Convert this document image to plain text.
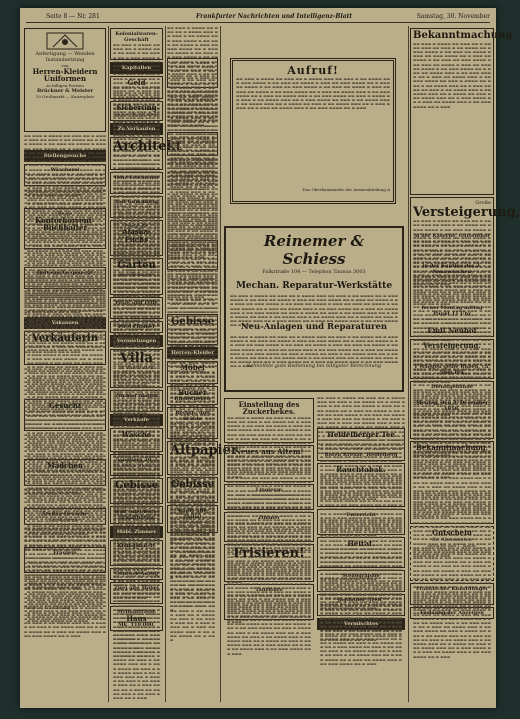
Seite 8 — Nr. 281	Frankfurter Nachrichten und Intelligenz-Blatt	Samstag, 30. November
Anfertigung — Wenden
Instandsetzung
von
Herren-Kleidern
Uniformen
zu billigen Preisen
Brückner & Meister
10 Großmarkt — Kaiserplatz
▬▬ ▬▬▬ ▬ ▬▬▬▬ ▬▬ ▬▬▬ ▬▬ ▬ ▬▬▬▬ ▬▬▬ ▬▬ ▬▬▬ ▬ ▬▬ ▬▬▬▬ ▬▬ ▬ ▬▬▬ ▬▬▬▬ ▬ ▬▬ ▬▬▬ ▬▬ ▬▬▬▬ ▬ ▬▬▬ ▬▬ ▬▬▬ ▬▬▬▬ ▬▬ ▬ ▬▬▬ ▬▬ ▬▬▬▬ ▬ ▬▬ ▬▬▬ ▬▬ ▬▬▬ ▬▬▬▬ ▬ ▬▬ ▬▬▬ ▬▬ ▬▬▬▬ ▬ ▬▬▬ ▬▬ ▬▬▬ ▬▬ ▬▬▬▬ ▬ ▬▬ ▬▬▬ ▬▬▬▬ ▬▬ ▬ ▬▬▬ ▬▬ ▬▬▬▬ ▬▬▬ ▬ ▬▬ ▬▬▬ ▬▬▬▬ ▬▬ ▬ ▬▬▬ ▬▬ ▬▬▬▬ ▬▬▬ ▬ ▬▬ ▬▬▬ ▬▬▬▬ ▬▬ ▬▬▬ ▬ ▬▬▬▬ ▬▬ ▬▬▬ ▬ ▬▬ ▬▬▬▬ ▬▬▬ ▬▬ ▬ ▬▬▬ ▬▬▬▬ ▬▬ ▬▬▬ ▬ ▬▬ ▬▬▬▬ ▬▬▬ ▬ ▬▬ ▬▬▬▬ ▬▬▬ ▬▬ ▬ ▬▬▬▬ ▬▬ ▬▬▬ ▬ ▬▬ ▬▬▬▬ ▬▬▬ ▬▬ ▬ ▬▬▬ ▬▬▬▬ ▬▬ ▬ ▬▬▬ ▬▬ ▬▬▬▬ ▬▬▬ ▬ ▬▬ ▬▬▬ ▬▬▬▬ ▬▬ ▬ ▬▬▬
Stellengesuche
Wäscherei
▬▬ ▬▬▬ ▬ ▬▬▬▬ ▬▬ ▬▬▬ ▬▬ ▬ ▬▬▬▬ ▬▬▬ ▬▬ ▬▬▬ ▬ ▬▬ ▬▬▬▬ ▬▬ ▬ ▬▬▬ ▬▬▬▬ ▬ ▬▬ ▬▬▬ ▬▬ ▬▬▬▬ ▬ ▬▬▬ ▬▬ ▬▬▬ ▬▬▬▬ ▬▬ ▬ ▬▬▬ ▬▬ ▬▬▬▬ ▬ ▬▬ ▬▬▬ ▬▬ ▬▬▬ ▬▬▬▬ ▬ ▬▬ ▬▬▬ ▬▬ ▬▬▬▬ ▬ ▬▬▬ ▬▬ ▬▬▬ ▬▬ ▬▬▬▬ ▬ ▬▬ ▬▬▬ ▬▬▬▬ ▬▬ ▬ ▬▬▬ ▬▬ ▬▬▬▬ ▬▬▬ ▬ ▬▬ ▬▬▬ ▬▬▬▬ ▬▬ ▬ ▬▬▬ ▬▬ ▬▬▬▬ ▬▬▬ ▬ ▬▬ ▬▬▬ ▬▬▬▬ ▬▬ ▬▬▬ ▬ ▬▬▬▬ ▬▬ ▬▬▬ ▬ ▬▬ ▬▬▬▬ ▬▬▬ ▬▬ ▬ ▬▬▬ ▬▬▬▬ ▬▬ ▬▬▬ ▬ ▬▬ ▬▬▬▬ ▬▬▬ ▬ ▬▬ ▬▬▬▬ ▬▬▬ ▬▬ ▬ ▬▬▬▬ ▬▬ ▬▬▬ ▬ ▬▬ ▬▬▬▬ ▬▬▬ ▬▬ ▬ ▬▬▬ ▬▬▬▬ ▬▬ ▬ ▬▬▬ ▬▬ ▬▬▬▬ ▬▬▬ ▬ ▬▬ ▬▬▬ ▬▬▬▬ ▬▬ ▬ ▬▬▬
▬▬ ▬▬▬ ▬ ▬▬▬▬ ▬▬ ▬▬▬ ▬▬ ▬ ▬▬▬▬ ▬▬▬ ▬▬ ▬▬▬ ▬ ▬▬ ▬▬▬▬ ▬▬ ▬ ▬▬▬ ▬▬▬▬ ▬ ▬▬ ▬▬▬ ▬▬ ▬▬▬▬ ▬ ▬▬▬ ▬▬ ▬▬▬ ▬▬▬▬ ▬▬ ▬ ▬▬▬ ▬▬ ▬▬▬▬ ▬ ▬▬ ▬▬▬ ▬▬ ▬▬▬ ▬▬▬▬ ▬ ▬▬ ▬▬▬ ▬▬ ▬▬▬▬ ▬ ▬▬▬ ▬▬ ▬▬▬ ▬▬ ▬▬▬▬ ▬ ▬▬ ▬▬▬ ▬▬▬▬ ▬▬ ▬ ▬▬▬ ▬▬ ▬▬▬▬ ▬▬▬ ▬ ▬▬ ▬▬▬ ▬▬▬▬ ▬▬ ▬ ▬▬▬ ▬▬ ▬▬▬▬ ▬▬▬ ▬ ▬▬ ▬▬▬ ▬▬▬▬ ▬▬ ▬▬▬ ▬ ▬▬▬▬ ▬▬ ▬▬▬ ▬ ▬▬ ▬▬▬▬ ▬▬▬ ▬▬ ▬ ▬▬▬ ▬▬▬▬ ▬▬ ▬▬▬ ▬ ▬▬ ▬▬▬▬ ▬▬▬ ▬ ▬▬ ▬▬▬▬ ▬▬▬ ▬▬ ▬ ▬▬▬▬ ▬▬ ▬▬▬ ▬ ▬▬ ▬▬▬▬ ▬▬▬ ▬▬ ▬ ▬▬▬ ▬▬▬▬ ▬▬ ▬ ▬▬▬ ▬▬ ▬▬▬▬ ▬▬▬ ▬ ▬▬ ▬▬▬ ▬▬▬▬ ▬▬ ▬ ▬▬▬
Beste
Kontorkorrent-
Buchhalter
▬▬ ▬▬▬ ▬ ▬▬▬▬ ▬▬ ▬▬▬ ▬▬ ▬ ▬▬▬▬ ▬▬▬ ▬▬ ▬▬▬ ▬ ▬▬ ▬▬▬▬ ▬▬ ▬ ▬▬▬ ▬▬▬▬ ▬ ▬▬ ▬▬▬ ▬▬ ▬▬▬▬ ▬ ▬▬▬ ▬▬ ▬▬▬ ▬▬▬▬ ▬▬ ▬ ▬▬▬ ▬▬ ▬▬▬▬ ▬ ▬▬ ▬▬▬ ▬▬ ▬▬▬ ▬▬▬▬ ▬ ▬▬ ▬▬▬ ▬▬ ▬▬▬▬ ▬ ▬▬▬ ▬▬ ▬▬▬ ▬▬ ▬▬▬▬ ▬ ▬▬ ▬▬▬ ▬▬▬▬ ▬▬ ▬ ▬▬▬ ▬▬ ▬▬▬▬ ▬▬▬ ▬ ▬▬ ▬▬▬ ▬▬▬▬ ▬▬ ▬ ▬▬▬ ▬▬ ▬▬▬▬ ▬▬▬ ▬ ▬▬ ▬▬▬ ▬▬▬▬ ▬▬ ▬▬▬ ▬ ▬▬▬▬ ▬▬ ▬▬▬ ▬ ▬▬ ▬▬▬▬ ▬▬▬ ▬▬ ▬ ▬▬▬ ▬▬▬▬ ▬▬ ▬▬▬ ▬ ▬▬ ▬▬▬▬ ▬▬▬ ▬ ▬▬ ▬▬▬▬ ▬▬▬ ▬▬ ▬ ▬▬▬▬ ▬▬ ▬▬▬ ▬ ▬▬ ▬▬▬▬ ▬▬▬ ▬▬ ▬ ▬▬▬ ▬▬▬▬ ▬▬ ▬ ▬▬▬ ▬▬ ▬▬▬▬ ▬▬▬ ▬ ▬▬ ▬▬▬ ▬▬▬▬ ▬▬ ▬ ▬▬▬
▬▬ ▬▬▬ ▬ ▬▬▬▬ ▬▬ ▬▬▬ ▬▬ ▬ ▬▬▬▬ ▬▬▬ ▬▬ ▬▬▬ ▬ ▬▬ ▬▬▬▬ ▬▬ ▬ ▬▬▬ ▬▬▬▬ ▬ ▬▬ ▬▬▬ ▬▬ ▬▬▬▬ ▬ ▬▬▬ ▬▬ ▬▬▬ ▬▬▬▬ ▬▬ ▬ ▬▬▬ ▬▬ ▬▬▬▬ ▬ ▬▬ ▬▬▬ ▬▬ ▬▬▬ ▬▬▬▬ ▬ ▬▬ ▬▬▬ ▬▬ ▬▬▬▬ ▬ ▬▬▬ ▬▬ ▬▬▬ ▬▬ ▬▬▬▬ ▬ ▬▬ ▬▬▬ ▬▬▬▬ ▬▬ ▬ ▬▬▬ ▬▬ ▬▬▬▬ ▬▬▬ ▬ ▬▬ ▬▬▬ ▬▬▬▬ ▬▬ ▬ ▬▬▬ ▬▬ ▬▬▬▬ ▬▬▬ ▬ ▬▬ ▬▬▬ ▬▬▬▬ ▬▬ ▬▬▬ ▬ ▬▬▬▬ ▬▬ ▬▬▬ ▬ ▬▬ ▬▬▬▬ ▬▬▬ ▬▬ ▬ ▬▬▬ ▬▬▬▬ ▬▬ ▬▬▬ ▬ ▬▬ ▬▬▬▬ ▬▬▬ ▬ ▬▬ ▬▬▬▬ ▬▬▬ ▬▬ ▬ ▬▬▬▬ ▬▬ ▬▬▬ ▬ ▬▬ ▬▬▬▬ ▬▬▬ ▬▬ ▬ ▬▬▬ ▬▬▬▬ ▬▬ ▬ ▬▬▬ ▬▬ ▬▬▬▬ ▬▬▬ ▬ ▬▬ ▬▬▬ ▬▬▬▬ ▬▬ ▬ ▬▬▬
Bettwäsche gesucht
▬▬ ▬▬▬ ▬ ▬▬▬▬ ▬▬ ▬▬▬ ▬▬ ▬ ▬▬▬▬ ▬▬▬ ▬▬ ▬▬▬ ▬ ▬▬ ▬▬▬▬ ▬▬ ▬ ▬▬▬ ▬▬▬▬ ▬ ▬▬ ▬▬▬ ▬▬ ▬▬▬▬ ▬ ▬▬▬ ▬▬ ▬▬▬ ▬▬▬▬ ▬▬ ▬ ▬▬▬ ▬▬ ▬▬▬▬ ▬ ▬▬ ▬▬▬ ▬▬ ▬▬▬ ▬▬▬▬ ▬ ▬▬ ▬▬▬ ▬▬ ▬▬▬▬ ▬ ▬▬▬ ▬▬ ▬▬▬ ▬▬ ▬▬▬▬ ▬ ▬▬ ▬▬▬ ▬▬▬▬ ▬▬ ▬ ▬▬▬ ▬▬ ▬▬▬▬ ▬▬▬ ▬ ▬▬ ▬▬▬ ▬▬▬▬ ▬▬ ▬ ▬▬▬ ▬▬ ▬▬▬▬ ▬▬▬ ▬ ▬▬ ▬▬▬ ▬▬▬▬ ▬▬ ▬▬▬ ▬ ▬▬▬▬ ▬▬ ▬▬▬ ▬ ▬▬ ▬▬▬▬ ▬▬▬ ▬▬ ▬ ▬▬▬ ▬▬▬▬ ▬▬ ▬▬▬ ▬ ▬▬ ▬▬▬▬ ▬▬▬ ▬ ▬▬ ▬▬▬▬ ▬▬▬ ▬▬ ▬ ▬▬▬▬ ▬▬ ▬▬▬ ▬ ▬▬ ▬▬▬▬ ▬▬▬ ▬▬ ▬ ▬▬▬ ▬▬▬▬ ▬▬ ▬ ▬▬▬ ▬▬ ▬▬▬▬ ▬▬▬ ▬ ▬▬ ▬▬▬ ▬▬▬▬ ▬▬ ▬ ▬▬▬
▬▬ ▬▬▬ ▬ ▬▬▬▬ ▬▬ ▬▬▬ ▬▬ ▬ ▬▬▬▬ ▬▬▬ ▬▬ ▬▬▬ ▬ ▬▬ ▬▬▬▬ ▬▬ ▬ ▬▬▬ ▬▬▬▬ ▬ ▬▬ ▬▬▬ ▬▬ ▬▬▬▬ ▬ ▬▬▬ ▬▬ ▬▬▬ ▬▬▬▬ ▬▬ ▬ ▬▬▬ ▬▬ ▬▬▬▬ ▬ ▬▬ ▬▬▬ ▬▬ ▬▬▬ ▬▬▬▬ ▬ ▬▬ ▬▬▬ ▬▬ ▬▬▬▬ ▬ ▬▬▬ ▬▬ ▬▬▬ ▬▬ ▬▬▬▬ ▬ ▬▬ ▬▬▬ ▬▬▬▬ ▬▬ ▬ ▬▬▬ ▬▬ ▬▬▬▬ ▬▬▬ ▬ ▬▬ ▬▬▬ ▬▬▬▬ ▬▬ ▬ ▬▬▬ ▬▬ ▬▬▬▬ ▬▬▬ ▬ ▬▬ ▬▬▬ ▬▬▬▬ ▬▬ ▬▬▬ ▬ ▬▬▬▬ ▬▬ ▬▬▬ ▬ ▬▬ ▬▬▬▬ ▬▬▬ ▬▬ ▬ ▬▬▬ ▬▬▬▬ ▬▬ ▬▬▬ ▬ ▬▬ ▬▬▬▬ ▬▬▬ ▬ ▬▬ ▬▬▬▬ ▬▬▬ ▬▬ ▬ ▬▬▬▬ ▬▬ ▬▬▬ ▬ ▬▬ ▬▬▬▬ ▬▬▬ ▬▬ ▬ ▬▬▬ ▬▬▬▬ ▬▬ ▬ ▬▬▬ ▬▬ ▬▬▬▬ ▬▬▬ ▬ ▬▬ ▬▬▬ ▬▬▬▬ ▬▬ ▬ ▬▬▬
Vakanzen
Verkäuferin
▬▬ ▬▬▬ ▬ ▬▬▬▬ ▬▬ ▬▬▬ ▬▬ ▬ ▬▬▬▬ ▬▬▬ ▬▬ ▬▬▬ ▬ ▬▬ ▬▬▬▬ ▬▬ ▬ ▬▬▬ ▬▬▬▬ ▬ ▬▬ ▬▬▬ ▬▬ ▬▬▬▬ ▬ ▬▬▬ ▬▬ ▬▬▬ ▬▬▬▬ ▬▬ ▬ ▬▬▬ ▬▬ ▬▬▬▬ ▬ ▬▬ ▬▬▬ ▬▬ ▬▬▬ ▬▬▬▬ ▬ ▬▬ ▬▬▬ ▬▬ ▬▬▬▬ ▬ ▬▬▬ ▬▬ ▬▬▬ ▬▬ ▬▬▬▬ ▬ ▬▬ ▬▬▬ ▬▬▬▬ ▬▬ ▬ ▬▬▬ ▬▬ ▬▬▬▬ ▬▬▬ ▬ ▬▬ ▬▬▬ ▬▬▬▬ ▬▬ ▬ ▬▬▬ ▬▬ ▬▬▬▬ ▬▬▬ ▬ ▬▬ ▬▬▬ ▬▬▬▬ ▬▬ ▬▬▬ ▬ ▬▬▬▬ ▬▬ ▬▬▬ ▬ ▬▬ ▬▬▬▬ ▬▬▬ ▬▬ ▬ ▬▬▬ ▬▬▬▬ ▬▬ ▬▬▬ ▬ ▬▬ ▬▬▬▬ ▬▬▬ ▬ ▬▬ ▬▬▬▬ ▬▬▬ ▬▬ ▬ ▬▬▬▬ ▬▬ ▬▬▬ ▬ ▬▬ ▬▬▬▬ ▬▬▬ ▬▬ ▬ ▬▬▬ ▬▬▬▬ ▬▬ ▬ ▬▬▬ ▬▬ ▬▬▬▬ ▬▬▬ ▬ ▬▬ ▬▬▬ ▬▬▬▬ ▬▬ ▬ ▬▬▬
▬▬ ▬▬▬ ▬ ▬▬▬▬ ▬▬ ▬▬▬ ▬▬ ▬ ▬▬▬▬ ▬▬▬ ▬▬ ▬▬▬ ▬ ▬▬ ▬▬▬▬ ▬▬ ▬ ▬▬▬ ▬▬▬▬ ▬ ▬▬ ▬▬▬ ▬▬ ▬▬▬▬ ▬ ▬▬▬ ▬▬ ▬▬▬ ▬▬▬▬ ▬▬ ▬ ▬▬▬ ▬▬ ▬▬▬▬ ▬ ▬▬ ▬▬▬ ▬▬ ▬▬▬ ▬▬▬▬ ▬ ▬▬ ▬▬▬ ▬▬ ▬▬▬▬ ▬ ▬▬▬ ▬▬ ▬▬▬ ▬▬ ▬▬▬▬ ▬ ▬▬ ▬▬▬ ▬▬▬▬ ▬▬ ▬ ▬▬▬ ▬▬ ▬▬▬▬ ▬▬▬ ▬ ▬▬ ▬▬▬ ▬▬▬▬ ▬▬ ▬ ▬▬▬ ▬▬ ▬▬▬▬ ▬▬▬ ▬ ▬▬ ▬▬▬ ▬▬▬▬ ▬▬ ▬▬▬ ▬ ▬▬▬▬ ▬▬ ▬▬▬ ▬ ▬▬ ▬▬▬▬ ▬▬▬ ▬▬ ▬ ▬▬▬ ▬▬▬▬ ▬▬ ▬▬▬ ▬ ▬▬ ▬▬▬▬ ▬▬▬ ▬ ▬▬ ▬▬▬▬ ▬▬▬ ▬▬ ▬ ▬▬▬▬ ▬▬ ▬▬▬ ▬ ▬▬ ▬▬▬▬ ▬▬▬ ▬▬ ▬ ▬▬▬ ▬▬▬▬ ▬▬ ▬ ▬▬▬ ▬▬ ▬▬▬▬ ▬▬▬ ▬ ▬▬ ▬▬▬ ▬▬▬▬ ▬▬ ▬ ▬▬▬
Gesucht
▬▬ ▬▬▬ ▬ ▬▬▬▬ ▬▬ ▬▬▬ ▬▬ ▬ ▬▬▬▬ ▬▬▬ ▬▬ ▬▬▬ ▬ ▬▬ ▬▬▬▬ ▬▬ ▬ ▬▬▬ ▬▬▬▬ ▬ ▬▬ ▬▬▬ ▬▬ ▬▬▬▬ ▬ ▬▬▬ ▬▬ ▬▬▬ ▬▬▬▬ ▬▬ ▬ ▬▬▬ ▬▬ ▬▬▬▬ ▬ ▬▬ ▬▬▬ ▬▬ ▬▬▬ ▬▬▬▬ ▬ ▬▬ ▬▬▬ ▬▬ ▬▬▬▬ ▬ ▬▬▬ ▬▬ ▬▬▬ ▬▬ ▬▬▬▬ ▬ ▬▬ ▬▬▬ ▬▬▬▬ ▬▬ ▬ ▬▬▬ ▬▬ ▬▬▬▬ ▬▬▬ ▬ ▬▬ ▬▬▬ ▬▬▬▬ ▬▬ ▬ ▬▬▬ ▬▬ ▬▬▬▬ ▬▬▬ ▬ ▬▬ ▬▬▬ ▬▬▬▬ ▬▬ ▬▬▬ ▬ ▬▬▬▬ ▬▬ ▬▬▬ ▬ ▬▬ ▬▬▬▬ ▬▬▬ ▬▬ ▬ ▬▬▬ ▬▬▬▬ ▬▬ ▬▬▬ ▬ ▬▬ ▬▬▬▬ ▬▬▬ ▬ ▬▬ ▬▬▬▬ ▬▬▬ ▬▬ ▬ ▬▬▬▬ ▬▬ ▬▬▬ ▬ ▬▬ ▬▬▬▬ ▬▬▬ ▬▬ ▬ ▬▬▬ ▬▬▬▬ ▬▬ ▬ ▬▬▬ ▬▬ ▬▬▬▬ ▬▬▬ ▬ ▬▬ ▬▬▬ ▬▬▬▬ ▬▬ ▬ ▬▬▬
▬▬ ▬▬▬ ▬ ▬▬▬▬ ▬▬ ▬▬▬ ▬▬ ▬ ▬▬▬▬ ▬▬▬ ▬▬ ▬▬▬ ▬ ▬▬ ▬▬▬▬ ▬▬ ▬ ▬▬▬ ▬▬▬▬ ▬ ▬▬ ▬▬▬ ▬▬ ▬▬▬▬ ▬ ▬▬▬ ▬▬ ▬▬▬ ▬▬▬▬ ▬▬ ▬ ▬▬▬ ▬▬ ▬▬▬▬ ▬ ▬▬ ▬▬▬ ▬▬ ▬▬▬ ▬▬▬▬ ▬ ▬▬ ▬▬▬ ▬▬ ▬▬▬▬ ▬ ▬▬▬ ▬▬ ▬▬▬ ▬▬ ▬▬▬▬ ▬ ▬▬ ▬▬▬ ▬▬▬▬ ▬▬ ▬ ▬▬▬ ▬▬ ▬▬▬▬ ▬▬▬ ▬ ▬▬ ▬▬▬ ▬▬▬▬ ▬▬ ▬ ▬▬▬ ▬▬ ▬▬▬▬ ▬▬▬ ▬ ▬▬ ▬▬▬ ▬▬▬▬ ▬▬ ▬▬▬ ▬ ▬▬▬▬ ▬▬ ▬▬▬ ▬ ▬▬ ▬▬▬▬ ▬▬▬ ▬▬ ▬ ▬▬▬ ▬▬▬▬ ▬▬ ▬▬▬ ▬ ▬▬ ▬▬▬▬ ▬▬▬ ▬ ▬▬ ▬▬▬▬ ▬▬▬ ▬▬ ▬ ▬▬▬▬ ▬▬ ▬▬▬ ▬ ▬▬ ▬▬▬▬ ▬▬▬ ▬▬ ▬ ▬▬▬ ▬▬▬▬ ▬▬ ▬ ▬▬▬ ▬▬ ▬▬▬▬ ▬▬▬ ▬ ▬▬ ▬▬▬ ▬▬▬▬ ▬▬ ▬ ▬▬▬
Mädchen
▬▬ ▬▬▬ ▬ ▬▬▬▬ ▬▬ ▬▬▬ ▬▬ ▬ ▬▬▬▬ ▬▬▬ ▬▬ ▬▬▬ ▬ ▬▬ ▬▬▬▬ ▬▬ ▬ ▬▬▬ ▬▬▬▬ ▬ ▬▬ ▬▬▬ ▬▬ ▬▬▬▬ ▬ ▬▬▬ ▬▬ ▬▬▬ ▬▬▬▬ ▬▬ ▬ ▬▬▬ ▬▬ ▬▬▬▬ ▬ ▬▬ ▬▬▬ ▬▬ ▬▬▬ ▬▬▬▬ ▬ ▬▬ ▬▬▬ ▬▬ ▬▬▬▬ ▬ ▬▬▬ ▬▬ ▬▬▬ ▬▬ ▬▬▬▬ ▬ ▬▬ ▬▬▬ ▬▬▬▬ ▬▬ ▬ ▬▬▬ ▬▬ ▬▬▬▬ ▬▬▬ ▬ ▬▬ ▬▬▬ ▬▬▬▬ ▬▬ ▬ ▬▬▬ ▬▬ ▬▬▬▬ ▬▬▬ ▬ ▬▬ ▬▬▬ ▬▬▬▬ ▬▬ ▬▬▬ ▬ ▬▬▬▬ ▬▬ ▬▬▬ ▬ ▬▬ ▬▬▬▬ ▬▬▬ ▬▬ ▬ ▬▬▬ ▬▬▬▬ ▬▬ ▬▬▬ ▬ ▬▬ ▬▬▬▬ ▬▬▬ ▬ ▬▬ ▬▬▬▬ ▬▬▬ ▬▬ ▬ ▬▬▬▬ ▬▬ ▬▬▬ ▬ ▬▬ ▬▬▬▬ ▬▬▬ ▬▬ ▬ ▬▬▬ ▬▬▬▬ ▬▬ ▬ ▬▬▬ ▬▬ ▬▬▬▬ ▬▬▬ ▬ ▬▬ ▬▬▬ ▬▬▬▬ ▬▬ ▬ ▬▬▬
▬▬ ▬▬▬ ▬ ▬▬▬▬ ▬▬ ▬▬▬ ▬▬ ▬ ▬▬▬▬ ▬▬▬ ▬▬ ▬▬▬ ▬ ▬▬ ▬▬▬▬ ▬▬ ▬ ▬▬▬ ▬▬▬▬ ▬ ▬▬ ▬▬▬ ▬▬ ▬▬▬▬ ▬ ▬▬▬ ▬▬ ▬▬▬ ▬▬▬▬ ▬▬ ▬ ▬▬▬ ▬▬ ▬▬▬▬ ▬ ▬▬ ▬▬▬ ▬▬ ▬▬▬ ▬▬▬▬ ▬ ▬▬ ▬▬▬ ▬▬ ▬▬▬▬ ▬ ▬▬▬ ▬▬ ▬▬▬ ▬▬ ▬▬▬▬ ▬ ▬▬ ▬▬▬ ▬▬▬▬ ▬▬ ▬ ▬▬▬ ▬▬ ▬▬▬▬ ▬▬▬ ▬ ▬▬ ▬▬▬ ▬▬▬▬ ▬▬ ▬ ▬▬▬ ▬▬ ▬▬▬▬ ▬▬▬ ▬ ▬▬ ▬▬▬ ▬▬▬▬ ▬▬ ▬▬▬ ▬ ▬▬▬▬ ▬▬ ▬▬▬ ▬ ▬▬ ▬▬▬▬ ▬▬▬ ▬▬ ▬ ▬▬▬ ▬▬▬▬ ▬▬ ▬▬▬ ▬ ▬▬ ▬▬▬▬ ▬▬▬ ▬ ▬▬ ▬▬▬▬ ▬▬▬ ▬▬ ▬ ▬▬▬▬ ▬▬ ▬▬▬ ▬ ▬▬ ▬▬▬▬ ▬▬▬ ▬▬ ▬ ▬▬▬ ▬▬▬▬ ▬▬ ▬ ▬▬▬ ▬▬ ▬▬▬▬ ▬▬▬ ▬ ▬▬ ▬▬▬ ▬▬▬▬ ▬▬ ▬ ▬▬▬
Stellen-Gesuche
für alle Berufe
▬▬ ▬▬▬ ▬ ▬▬▬▬ ▬▬ ▬▬▬ ▬▬ ▬ ▬▬▬▬ ▬▬▬ ▬▬ ▬▬▬ ▬ ▬▬ ▬▬▬▬ ▬▬ ▬ ▬▬▬ ▬▬▬▬ ▬ ▬▬ ▬▬▬ ▬▬ ▬▬▬▬ ▬ ▬▬▬ ▬▬ ▬▬▬ ▬▬▬▬ ▬▬ ▬ ▬▬▬ ▬▬ ▬▬▬▬ ▬ ▬▬ ▬▬▬ ▬▬ ▬▬▬ ▬▬▬▬ ▬ ▬▬ ▬▬▬ ▬▬ ▬▬▬▬ ▬ ▬▬▬ ▬▬ ▬▬▬ ▬▬ ▬▬▬▬ ▬ ▬▬ ▬▬▬ ▬▬▬▬ ▬▬ ▬ ▬▬▬ ▬▬ ▬▬▬▬ ▬▬▬ ▬ ▬▬ ▬▬▬ ▬▬▬▬ ▬▬ ▬ ▬▬▬ ▬▬ ▬▬▬▬ ▬▬▬ ▬ ▬▬ ▬▬▬ ▬▬▬▬ ▬▬ ▬▬▬ ▬ ▬▬▬▬ ▬▬ ▬▬▬ ▬ ▬▬ ▬▬▬▬ ▬▬▬ ▬▬ ▬ ▬▬▬ ▬▬▬▬ ▬▬ ▬▬▬ ▬ ▬▬ ▬▬▬▬ ▬▬▬ ▬ ▬▬ ▬▬▬▬ ▬▬▬ ▬▬ ▬ ▬▬▬▬ ▬▬ ▬▬▬ ▬ ▬▬ ▬▬▬▬ ▬▬▬ ▬▬ ▬ ▬▬▬ ▬▬▬▬ ▬▬ ▬ ▬▬▬ ▬▬ ▬▬▬▬ ▬▬▬ ▬ ▬▬ ▬▬▬ ▬▬▬▬ ▬▬ ▬ ▬▬▬
Fräulein
▬▬ ▬▬▬ ▬ ▬▬▬▬ ▬▬ ▬▬▬ ▬▬ ▬ ▬▬▬▬ ▬▬▬ ▬▬ ▬▬▬ ▬ ▬▬ ▬▬▬▬ ▬▬ ▬ ▬▬▬ ▬▬▬▬ ▬ ▬▬ ▬▬▬ ▬▬ ▬▬▬▬ ▬ ▬▬▬ ▬▬ ▬▬▬ ▬▬▬▬ ▬▬ ▬ ▬▬▬ ▬▬ ▬▬▬▬ ▬ ▬▬ ▬▬▬ ▬▬ ▬▬▬ ▬▬▬▬ ▬ ▬▬ ▬▬▬ ▬▬ ▬▬▬▬ ▬ ▬▬▬ ▬▬ ▬▬▬ ▬▬ ▬▬▬▬ ▬ ▬▬ ▬▬▬ ▬▬▬▬ ▬▬ ▬ ▬▬▬ ▬▬ ▬▬▬▬ ▬▬▬ ▬ ▬▬ ▬▬▬ ▬▬▬▬ ▬▬ ▬ ▬▬▬ ▬▬ ▬▬▬▬ ▬▬▬ ▬ ▬▬ ▬▬▬ ▬▬▬▬ ▬▬ ▬▬▬ ▬ ▬▬▬▬ ▬▬ ▬▬▬ ▬ ▬▬ ▬▬▬▬ ▬▬▬ ▬▬ ▬ ▬▬▬ ▬▬▬▬ ▬▬ ▬▬▬ ▬ ▬▬ ▬▬▬▬ ▬▬▬ ▬ ▬▬ ▬▬▬▬ ▬▬▬ ▬▬ ▬ ▬▬▬▬ ▬▬ ▬▬▬ ▬ ▬▬ ▬▬▬▬ ▬▬▬ ▬▬ ▬ ▬▬▬ ▬▬▬▬ ▬▬ ▬ ▬▬▬ ▬▬ ▬▬▬▬ ▬▬▬ ▬ ▬▬ ▬▬▬ ▬▬▬▬ ▬▬ ▬ ▬▬▬
▬▬ ▬▬▬ ▬ ▬▬▬▬ ▬▬ ▬▬▬ ▬▬ ▬ ▬▬▬▬ ▬▬▬ ▬▬ ▬▬▬ ▬ ▬▬ ▬▬▬▬ ▬▬ ▬ ▬▬▬ ▬▬▬▬ ▬ ▬▬ ▬▬▬ ▬▬ ▬▬▬▬ ▬ ▬▬▬ ▬▬ ▬▬▬ ▬▬▬▬ ▬▬ ▬ ▬▬▬ ▬▬ ▬▬▬▬ ▬ ▬▬ ▬▬▬ ▬▬ ▬▬▬ ▬▬▬▬ ▬ ▬▬ ▬▬▬ ▬▬ ▬▬▬▬ ▬ ▬▬▬ ▬▬ ▬▬▬ ▬▬ ▬▬▬▬ ▬ ▬▬ ▬▬▬ ▬▬▬▬ ▬▬ ▬ ▬▬▬ ▬▬ ▬▬▬▬ ▬▬▬ ▬ ▬▬ ▬▬▬ ▬▬▬▬ ▬▬ ▬ ▬▬▬ ▬▬ ▬▬▬▬ ▬▬▬ ▬ ▬▬ ▬▬▬ ▬▬▬▬ ▬▬ ▬▬▬ ▬ ▬▬▬▬ ▬▬ ▬▬▬ ▬ ▬▬ ▬▬▬▬ ▬▬▬ ▬▬ ▬ ▬▬▬ ▬▬▬▬ ▬▬ ▬▬▬ ▬ ▬▬ ▬▬▬▬ ▬▬▬ ▬ ▬▬ ▬▬▬▬ ▬▬▬ ▬▬ ▬ ▬▬▬▬ ▬▬ ▬▬▬ ▬ ▬▬ ▬▬▬▬ ▬▬▬ ▬▬ ▬ ▬▬▬ ▬▬▬▬ ▬▬ ▬ ▬▬▬ ▬▬ ▬▬▬▬ ▬▬▬ ▬ ▬▬ ▬▬▬ ▬▬▬▬ ▬▬ ▬ ▬▬▬
Haupt. 5, 4. 2 Uhr Zug
Kolonialwaren-Geschäft
▬▬ ▬▬▬ ▬ ▬▬▬▬ ▬▬ ▬▬▬ ▬▬ ▬ ▬▬▬▬ ▬▬▬ ▬▬ ▬▬▬ ▬ ▬▬ ▬▬▬▬ ▬▬ ▬ ▬▬▬ ▬▬▬▬ ▬ ▬▬ ▬▬▬ ▬▬ ▬▬▬▬ ▬ ▬▬▬ ▬▬ ▬▬▬ ▬▬▬▬ ▬▬ ▬ ▬▬▬ ▬▬ ▬▬▬▬ ▬ ▬▬ ▬▬▬ ▬▬ ▬▬▬ ▬▬▬▬ ▬ ▬▬ ▬▬▬ ▬▬ ▬▬▬▬ ▬ ▬▬▬ ▬▬ ▬▬▬ ▬▬ ▬▬▬▬ ▬ ▬▬ ▬▬▬ ▬▬▬▬ ▬▬ ▬ ▬▬▬ ▬▬ ▬▬▬▬ ▬▬▬ ▬ ▬▬ ▬▬▬ ▬▬▬▬ ▬▬ ▬ ▬▬▬ ▬▬ ▬▬▬▬ ▬▬▬ ▬ ▬▬ ▬▬▬ ▬▬▬▬ ▬▬ ▬▬▬ ▬ ▬▬▬▬ ▬▬ ▬▬▬ ▬ ▬▬ ▬▬▬▬ ▬▬▬ ▬▬ ▬ ▬▬▬ ▬▬▬▬ ▬▬ ▬▬▬ ▬ ▬▬ ▬▬▬▬ ▬▬▬ ▬ ▬▬ ▬▬▬▬ ▬▬▬ ▬▬ ▬ ▬▬▬▬ ▬▬ ▬▬▬ ▬ ▬▬ ▬▬▬▬ ▬▬▬ ▬▬ ▬ ▬▬▬ ▬▬▬▬ ▬▬ ▬ ▬▬▬ ▬▬ ▬▬▬▬ ▬▬▬ ▬ ▬▬ ▬▬▬ ▬▬▬▬ ▬▬ ▬ ▬▬▬
Kapitalien
Geld
▬▬ ▬▬▬ ▬ ▬▬▬▬ ▬▬ ▬▬▬ ▬▬ ▬ ▬▬▬▬ ▬▬▬ ▬▬ ▬▬▬ ▬ ▬▬ ▬▬▬▬ ▬▬ ▬ ▬▬▬ ▬▬▬▬ ▬ ▬▬ ▬▬▬ ▬▬ ▬▬▬▬ ▬ ▬▬▬ ▬▬ ▬▬▬ ▬▬▬▬ ▬▬ ▬ ▬▬▬ ▬▬ ▬▬▬▬ ▬ ▬▬ ▬▬▬ ▬▬ ▬▬▬ ▬▬▬▬ ▬ ▬▬ ▬▬▬ ▬▬ ▬▬▬▬ ▬ ▬▬▬ ▬▬ ▬▬▬ ▬▬ ▬▬▬▬ ▬ ▬▬ ▬▬▬ ▬▬▬▬ ▬▬ ▬ ▬▬▬ ▬▬ ▬▬▬▬ ▬▬▬ ▬ ▬▬ ▬▬▬ ▬▬▬▬ ▬▬ ▬ ▬▬▬ ▬▬ ▬▬▬▬ ▬▬▬ ▬ ▬▬ ▬▬▬ ▬▬▬▬ ▬▬ ▬▬▬ ▬ ▬▬▬▬ ▬▬ ▬▬▬ ▬ ▬▬ ▬▬▬▬ ▬▬▬ ▬▬ ▬ ▬▬▬ ▬▬▬▬ ▬▬ ▬▬▬ ▬ ▬▬ ▬▬▬▬ ▬▬▬ ▬ ▬▬ ▬▬▬▬ ▬▬▬ ▬▬ ▬ ▬▬▬▬ ▬▬ ▬▬▬ ▬ ▬▬ ▬▬▬▬ ▬▬▬ ▬▬ ▬ ▬▬▬ ▬▬▬▬ ▬▬ ▬ ▬▬▬ ▬▬ ▬▬▬▬ ▬▬▬ ▬ ▬▬ ▬▬▬ ▬▬▬▬ ▬▬ ▬ ▬▬▬
Sicherung
seiner Kapitalien
Zu Verkaufen
Architekt
▬▬ ▬▬▬ ▬ ▬▬▬▬ ▬▬ ▬▬▬ ▬▬ ▬ ▬▬▬▬ ▬▬▬ ▬▬ ▬▬▬ ▬ ▬▬ ▬▬▬▬ ▬▬ ▬ ▬▬▬ ▬▬▬▬ ▬ ▬▬ ▬▬▬ ▬▬ ▬▬▬▬ ▬ ▬▬▬ ▬▬ ▬▬▬ ▬▬▬▬ ▬▬ ▬ ▬▬▬ ▬▬ ▬▬▬▬ ▬ ▬▬ ▬▬▬ ▬▬ ▬▬▬ ▬▬▬▬ ▬ ▬▬ ▬▬▬ ▬▬ ▬▬▬▬ ▬ ▬▬▬ ▬▬ ▬▬▬ ▬▬ ▬▬▬▬ ▬ ▬▬ ▬▬▬ ▬▬▬▬ ▬▬ ▬ ▬▬▬ ▬▬ ▬▬▬▬ ▬▬▬ ▬ ▬▬ ▬▬▬ ▬▬▬▬ ▬▬ ▬ ▬▬▬ ▬▬ ▬▬▬▬ ▬▬▬ ▬ ▬▬ ▬▬▬ ▬▬▬▬ ▬▬ ▬▬▬ ▬ ▬▬▬▬ ▬▬ ▬▬▬ ▬ ▬▬ ▬▬▬▬ ▬▬▬ ▬▬ ▬ ▬▬▬ ▬▬▬▬ ▬▬ ▬▬▬ ▬ ▬▬ ▬▬▬▬ ▬▬▬ ▬ ▬▬ ▬▬▬▬ ▬▬▬ ▬▬ ▬ ▬▬▬▬ ▬▬ ▬▬▬ ▬ ▬▬ ▬▬▬▬ ▬▬▬ ▬▬ ▬ ▬▬▬ ▬▬▬▬ ▬▬ ▬ ▬▬▬ ▬▬ ▬▬▬▬ ▬▬▬ ▬ ▬▬ ▬▬▬ ▬▬▬▬ ▬▬ ▬ ▬▬▬
Holz-Eisenbahn
▬▬ ▬▬▬ ▬ ▬▬▬▬ ▬▬ ▬▬▬ ▬▬ ▬ ▬▬▬▬ ▬▬▬ ▬▬ ▬▬▬ ▬ ▬▬ ▬▬▬▬ ▬▬ ▬ ▬▬▬ ▬▬▬▬ ▬ ▬▬ ▬▬▬ ▬▬ ▬▬▬▬ ▬ ▬▬▬ ▬▬ ▬▬▬ ▬▬▬▬ ▬▬ ▬ ▬▬▬ ▬▬ ▬▬▬▬ ▬ ▬▬ ▬▬▬ ▬▬ ▬▬▬ ▬▬▬▬ ▬ ▬▬ ▬▬▬ ▬▬ ▬▬▬▬ ▬ ▬▬▬ ▬▬ ▬▬▬ ▬▬ ▬▬▬▬ ▬ ▬▬ ▬▬▬ ▬▬▬▬ ▬▬ ▬ ▬▬▬ ▬▬ ▬▬▬▬ ▬▬▬ ▬ ▬▬ ▬▬▬ ▬▬▬▬ ▬▬ ▬ ▬▬▬ ▬▬ ▬▬▬▬ ▬▬▬ ▬ ▬▬ ▬▬▬ ▬▬▬▬ ▬▬ ▬▬▬ ▬ ▬▬▬▬ ▬▬ ▬▬▬ ▬ ▬▬ ▬▬▬▬ ▬▬▬ ▬▬ ▬ ▬▬▬ ▬▬▬▬ ▬▬ ▬▬▬ ▬ ▬▬ ▬▬▬▬ ▬▬▬ ▬ ▬▬ ▬▬▬▬ ▬▬▬ ▬▬ ▬ ▬▬▬▬ ▬▬ ▬▬▬ ▬ ▬▬ ▬▬▬▬ ▬▬▬ ▬▬ ▬ ▬▬▬ ▬▬▬▬ ▬▬ ▬ ▬▬▬ ▬▬ ▬▬▬▬ ▬▬▬ ▬ ▬▬ ▬▬▬ ▬▬▬▬ ▬▬ ▬ ▬▬▬
Voll-Gummizug
▬▬ ▬▬▬ ▬ ▬▬▬▬ ▬▬ ▬▬▬ ▬▬ ▬ ▬▬▬▬ ▬▬▬ ▬▬ ▬▬▬ ▬ ▬▬ ▬▬▬▬ ▬▬ ▬ ▬▬▬ ▬▬▬▬ ▬ ▬▬ ▬▬▬ ▬▬ ▬▬▬▬ ▬ ▬▬▬ ▬▬ ▬▬▬ ▬▬▬▬ ▬▬ ▬ ▬▬▬ ▬▬ ▬▬▬▬ ▬ ▬▬ ▬▬▬ ▬▬ ▬▬▬ ▬▬▬▬ ▬ ▬▬ ▬▬▬ ▬▬ ▬▬▬▬ ▬ ▬▬▬ ▬▬ ▬▬▬ ▬▬ ▬▬▬▬ ▬ ▬▬ ▬▬▬ ▬▬▬▬ ▬▬ ▬ ▬▬▬ ▬▬ ▬▬▬▬ ▬▬▬ ▬ ▬▬ ▬▬▬ ▬▬▬▬ ▬▬ ▬ ▬▬▬ ▬▬ ▬▬▬▬ ▬▬▬ ▬ ▬▬ ▬▬▬ ▬▬▬▬ ▬▬ ▬▬▬ ▬ ▬▬▬▬ ▬▬ ▬▬▬ ▬ ▬▬ ▬▬▬▬ ▬▬▬ ▬▬ ▬ ▬▬▬ ▬▬▬▬ ▬▬ ▬▬▬ ▬ ▬▬ ▬▬▬▬ ▬▬▬ ▬ ▬▬ ▬▬▬▬ ▬▬▬ ▬▬ ▬ ▬▬▬▬ ▬▬ ▬▬▬ ▬ ▬▬ ▬▬▬▬ ▬▬▬ ▬▬ ▬ ▬▬▬ ▬▬▬▬ ▬▬ ▬ ▬▬▬ ▬▬ ▬▬▬▬ ▬▬▬ ▬ ▬▬ ▬▬▬ ▬▬▬▬ ▬▬ ▬ ▬▬▬
Prachtvolle
Alaska-Fuchs
▬▬ ▬▬▬ ▬ ▬▬▬▬ ▬▬ ▬▬▬ ▬▬ ▬ ▬▬▬▬ ▬▬▬ ▬▬ ▬▬▬ ▬ ▬▬ ▬▬▬▬ ▬▬ ▬ ▬▬▬ ▬▬▬▬ ▬ ▬▬ ▬▬▬ ▬▬ ▬▬▬▬ ▬ ▬▬▬ ▬▬ ▬▬▬ ▬▬▬▬ ▬▬ ▬ ▬▬▬ ▬▬ ▬▬▬▬ ▬ ▬▬ ▬▬▬ ▬▬ ▬▬▬ ▬▬▬▬ ▬ ▬▬ ▬▬▬ ▬▬ ▬▬▬▬ ▬ ▬▬▬ ▬▬ ▬▬▬ ▬▬ ▬▬▬▬ ▬ ▬▬ ▬▬▬ ▬▬▬▬ ▬▬ ▬ ▬▬▬ ▬▬ ▬▬▬▬ ▬▬▬ ▬ ▬▬ ▬▬▬ ▬▬▬▬ ▬▬ ▬ ▬▬▬ ▬▬ ▬▬▬▬ ▬▬▬ ▬ ▬▬ ▬▬▬ ▬▬▬▬ ▬▬ ▬▬▬ ▬ ▬▬▬▬ ▬▬ ▬▬▬ ▬ ▬▬ ▬▬▬▬ ▬▬▬ ▬▬ ▬ ▬▬▬ ▬▬▬▬ ▬▬ ▬▬▬ ▬ ▬▬ ▬▬▬▬ ▬▬▬ ▬ ▬▬ ▬▬▬▬ ▬▬▬ ▬▬ ▬ ▬▬▬▬ ▬▬ ▬▬▬ ▬ ▬▬ ▬▬▬▬ ▬▬▬ ▬▬ ▬ ▬▬▬ ▬▬▬▬ ▬▬ ▬ ▬▬▬ ▬▬ ▬▬▬▬ ▬▬▬ ▬ ▬▬ ▬▬▬ ▬▬▬▬ ▬▬ ▬ ▬▬▬
Gärten
zum Bebauen
▬▬ ▬▬▬ ▬ ▬▬▬▬ ▬▬ ▬▬▬ ▬▬ ▬ ▬▬▬▬ ▬▬▬ ▬▬ ▬▬▬ ▬ ▬▬ ▬▬▬▬ ▬▬ ▬ ▬▬▬ ▬▬▬▬ ▬ ▬▬ ▬▬▬ ▬▬ ▬▬▬▬ ▬ ▬▬▬ ▬▬ ▬▬▬ ▬▬▬▬ ▬▬ ▬ ▬▬▬ ▬▬ ▬▬▬▬ ▬ ▬▬ ▬▬▬ ▬▬ ▬▬▬ ▬▬▬▬ ▬ ▬▬ ▬▬▬ ▬▬ ▬▬▬▬ ▬ ▬▬▬ ▬▬ ▬▬▬ ▬▬ ▬▬▬▬ ▬ ▬▬ ▬▬▬ ▬▬▬▬ ▬▬ ▬ ▬▬▬ ▬▬ ▬▬▬▬ ▬▬▬ ▬ ▬▬ ▬▬▬ ▬▬▬▬ ▬▬ ▬ ▬▬▬ ▬▬ ▬▬▬▬ ▬▬▬ ▬ ▬▬ ▬▬▬ ▬▬▬▬ ▬▬ ▬▬▬ ▬ ▬▬▬▬ ▬▬ ▬▬▬ ▬ ▬▬ ▬▬▬▬ ▬▬▬ ▬▬ ▬ ▬▬▬ ▬▬▬▬ ▬▬ ▬▬▬ ▬ ▬▬ ▬▬▬▬ ▬▬▬ ▬ ▬▬ ▬▬▬▬ ▬▬▬ ▬▬ ▬ ▬▬▬▬ ▬▬ ▬▬▬ ▬ ▬▬ ▬▬▬▬ ▬▬▬ ▬▬ ▬ ▬▬▬ ▬▬▬▬ ▬▬ ▬ ▬▬▬ ▬▬ ▬▬▬▬ ▬▬▬ ▬ ▬▬ ▬▬▬ ▬▬▬▬ ▬▬ ▬ ▬▬▬
Pelze und Felle
▬▬ ▬▬▬ ▬ ▬▬▬▬ ▬▬ ▬▬▬ ▬▬ ▬ ▬▬▬▬ ▬▬▬ ▬▬ ▬▬▬ ▬ ▬▬ ▬▬▬▬ ▬▬ ▬ ▬▬▬ ▬▬▬▬ ▬ ▬▬ ▬▬▬ ▬▬ ▬▬▬▬ ▬ ▬▬▬ ▬▬ ▬▬▬ ▬▬▬▬ ▬▬ ▬ ▬▬▬ ▬▬ ▬▬▬▬ ▬ ▬▬ ▬▬▬ ▬▬ ▬▬▬ ▬▬▬▬ ▬ ▬▬ ▬▬▬ ▬▬ ▬▬▬▬ ▬ ▬▬▬ ▬▬ ▬▬▬ ▬▬ ▬▬▬▬ ▬ ▬▬ ▬▬▬ ▬▬▬▬ ▬▬ ▬ ▬▬▬ ▬▬ ▬▬▬▬ ▬▬▬ ▬ ▬▬ ▬▬▬ ▬▬▬▬ ▬▬ ▬ ▬▬▬ ▬▬ ▬▬▬▬ ▬▬▬ ▬ ▬▬ ▬▬▬ ▬▬▬▬ ▬▬ ▬▬▬ ▬ ▬▬▬▬ ▬▬ ▬▬▬ ▬ ▬▬ ▬▬▬▬ ▬▬▬ ▬▬ ▬ ▬▬▬ ▬▬▬▬ ▬▬ ▬▬▬ ▬ ▬▬ ▬▬▬▬ ▬▬▬ ▬ ▬▬ ▬▬▬▬ ▬▬▬ ▬▬ ▬ ▬▬▬▬ ▬▬ ▬▬▬ ▬ ▬▬ ▬▬▬▬ ▬▬▬ ▬▬ ▬ ▬▬▬ ▬▬▬▬ ▬▬ ▬ ▬▬▬ ▬▬ ▬▬▬▬ ▬▬▬ ▬ ▬▬ ▬▬▬ ▬▬▬▬ ▬▬ ▬ ▬▬▬
Zwei Zimmer
Vermietungen
Villa
in Wiesbaden
▬▬ ▬▬▬ ▬ ▬▬▬▬ ▬▬ ▬▬▬ ▬▬ ▬ ▬▬▬▬ ▬▬▬ ▬▬ ▬▬▬ ▬ ▬▬ ▬▬▬▬ ▬▬ ▬ ▬▬▬ ▬▬▬▬ ▬ ▬▬ ▬▬▬ ▬▬ ▬▬▬▬ ▬ ▬▬▬ ▬▬ ▬▬▬ ▬▬▬▬ ▬▬ ▬ ▬▬▬ ▬▬ ▬▬▬▬ ▬ ▬▬ ▬▬▬ ▬▬ ▬▬▬ ▬▬▬▬ ▬ ▬▬ ▬▬▬ ▬▬ ▬▬▬▬ ▬ ▬▬▬ ▬▬ ▬▬▬ ▬▬ ▬▬▬▬ ▬ ▬▬ ▬▬▬ ▬▬▬▬ ▬▬ ▬ ▬▬▬ ▬▬ ▬▬▬▬ ▬▬▬ ▬ ▬▬ ▬▬▬ ▬▬▬▬ ▬▬ ▬ ▬▬▬ ▬▬ ▬▬▬▬ ▬▬▬ ▬ ▬▬ ▬▬▬ ▬▬▬▬ ▬▬ ▬▬▬ ▬ ▬▬▬▬ ▬▬ ▬▬▬ ▬ ▬▬ ▬▬▬▬ ▬▬▬ ▬▬ ▬ ▬▬▬ ▬▬▬▬ ▬▬ ▬▬▬ ▬ ▬▬ ▬▬▬▬ ▬▬▬ ▬ ▬▬ ▬▬▬▬ ▬▬▬ ▬▬ ▬ ▬▬▬▬ ▬▬ ▬▬▬ ▬ ▬▬ ▬▬▬▬ ▬▬▬ ▬▬ ▬ ▬▬▬ ▬▬▬▬ ▬▬ ▬ ▬▬▬ ▬▬ ▬▬▬▬ ▬▬▬ ▬ ▬▬ ▬▬▬ ▬▬▬▬ ▬▬ ▬ ▬▬▬
Zimmer mögen
▬▬ ▬▬▬ ▬ ▬▬▬▬ ▬▬ ▬▬▬ ▬▬ ▬ ▬▬▬▬ ▬▬▬ ▬▬ ▬▬▬ ▬ ▬▬ ▬▬▬▬ ▬▬ ▬ ▬▬▬ ▬▬▬▬ ▬ ▬▬ ▬▬▬ ▬▬ ▬▬▬▬ ▬ ▬▬▬ ▬▬ ▬▬▬ ▬▬▬▬ ▬▬ ▬ ▬▬▬ ▬▬ ▬▬▬▬ ▬ ▬▬ ▬▬▬ ▬▬ ▬▬▬ ▬▬▬▬ ▬ ▬▬ ▬▬▬ ▬▬ ▬▬▬▬ ▬ ▬▬▬ ▬▬ ▬▬▬ ▬▬ ▬▬▬▬ ▬ ▬▬ ▬▬▬ ▬▬▬▬ ▬▬ ▬ ▬▬▬ ▬▬ ▬▬▬▬ ▬▬▬ ▬ ▬▬ ▬▬▬ ▬▬▬▬ ▬▬ ▬ ▬▬▬ ▬▬ ▬▬▬▬ ▬▬▬ ▬ ▬▬ ▬▬▬ ▬▬▬▬ ▬▬ ▬▬▬ ▬ ▬▬▬▬ ▬▬ ▬▬▬ ▬ ▬▬ ▬▬▬▬ ▬▬▬ ▬▬ ▬ ▬▬▬ ▬▬▬▬ ▬▬ ▬▬▬ ▬ ▬▬ ▬▬▬▬ ▬▬▬ ▬ ▬▬ ▬▬▬▬ ▬▬▬ ▬▬ ▬ ▬▬▬▬ ▬▬ ▬▬▬ ▬ ▬▬ ▬▬▬▬ ▬▬▬ ▬▬ ▬ ▬▬▬ ▬▬▬▬ ▬▬ ▬ ▬▬▬ ▬▬ ▬▬▬▬ ▬▬▬ ▬ ▬▬ ▬▬▬ ▬▬▬▬ ▬▬ ▬ ▬▬▬
Verkäufe
Wäsche
▬▬ ▬▬▬ ▬ ▬▬▬▬ ▬▬ ▬▬▬ ▬▬ ▬ ▬▬▬▬ ▬▬▬ ▬▬ ▬▬▬ ▬ ▬▬ ▬▬▬▬ ▬▬ ▬ ▬▬▬ ▬▬▬▬ ▬ ▬▬ ▬▬▬ ▬▬ ▬▬▬▬ ▬ ▬▬▬ ▬▬ ▬▬▬ ▬▬▬▬ ▬▬ ▬ ▬▬▬ ▬▬ ▬▬▬▬ ▬ ▬▬ ▬▬▬ ▬▬ ▬▬▬ ▬▬▬▬ ▬ ▬▬ ▬▬▬ ▬▬ ▬▬▬▬ ▬ ▬▬▬ ▬▬ ▬▬▬ ▬▬ ▬▬▬▬ ▬ ▬▬ ▬▬▬ ▬▬▬▬ ▬▬ ▬ ▬▬▬ ▬▬ ▬▬▬▬ ▬▬▬ ▬ ▬▬ ▬▬▬ ▬▬▬▬ ▬▬ ▬ ▬▬▬ ▬▬ ▬▬▬▬ ▬▬▬ ▬ ▬▬ ▬▬▬ ▬▬▬▬ ▬▬ ▬▬▬ ▬ ▬▬▬▬ ▬▬ ▬▬▬ ▬ ▬▬ ▬▬▬▬ ▬▬▬ ▬▬ ▬ ▬▬▬ ▬▬▬▬ ▬▬ ▬▬▬ ▬ ▬▬ ▬▬▬▬ ▬▬▬ ▬ ▬▬ ▬▬▬▬ ▬▬▬ ▬▬ ▬ ▬▬▬▬ ▬▬ ▬▬▬ ▬ ▬▬ ▬▬▬▬ ▬▬▬ ▬▬ ▬ ▬▬▬ ▬▬▬▬ ▬▬ ▬ ▬▬▬ ▬▬ ▬▬▬▬ ▬▬▬ ▬ ▬▬ ▬▬▬ ▬▬▬▬ ▬▬ ▬ ▬▬▬
Sandberg 30, I
▬▬ ▬▬▬ ▬ ▬▬▬▬ ▬▬ ▬▬▬ ▬▬ ▬ ▬▬▬▬ ▬▬▬ ▬▬ ▬▬▬ ▬ ▬▬ ▬▬▬▬ ▬▬ ▬ ▬▬▬ ▬▬▬▬ ▬ ▬▬ ▬▬▬ ▬▬ ▬▬▬▬ ▬ ▬▬▬ ▬▬ ▬▬▬ ▬▬▬▬ ▬▬ ▬ ▬▬▬ ▬▬ ▬▬▬▬ ▬ ▬▬ ▬▬▬ ▬▬ ▬▬▬ ▬▬▬▬ ▬ ▬▬ ▬▬▬ ▬▬ ▬▬▬▬ ▬ ▬▬▬ ▬▬ ▬▬▬ ▬▬ ▬▬▬▬ ▬ ▬▬ ▬▬▬ ▬▬▬▬ ▬▬ ▬ ▬▬▬ ▬▬ ▬▬▬▬ ▬▬▬ ▬ ▬▬ ▬▬▬ ▬▬▬▬ ▬▬ ▬ ▬▬▬ ▬▬ ▬▬▬▬ ▬▬▬ ▬ ▬▬ ▬▬▬ ▬▬▬▬ ▬▬ ▬▬▬ ▬ ▬▬▬▬ ▬▬ ▬▬▬ ▬ ▬▬ ▬▬▬▬ ▬▬▬ ▬▬ ▬ ▬▬▬ ▬▬▬▬ ▬▬ ▬▬▬ ▬ ▬▬ ▬▬▬▬ ▬▬▬ ▬ ▬▬ ▬▬▬▬ ▬▬▬ ▬▬ ▬ ▬▬▬▬ ▬▬ ▬▬▬ ▬ ▬▬ ▬▬▬▬ ▬▬▬ ▬▬ ▬ ▬▬▬ ▬▬▬▬ ▬▬ ▬ ▬▬▬ ▬▬ ▬▬▬▬ ▬▬▬ ▬ ▬▬ ▬▬▬ ▬▬▬▬ ▬▬ ▬ ▬▬▬
Gebisse
▬▬ ▬▬▬ ▬ ▬▬▬▬ ▬▬ ▬▬▬ ▬▬ ▬ ▬▬▬▬ ▬▬▬ ▬▬ ▬▬▬ ▬ ▬▬ ▬▬▬▬ ▬▬ ▬ ▬▬▬ ▬▬▬▬ ▬ ▬▬ ▬▬▬ ▬▬ ▬▬▬▬ ▬ ▬▬▬ ▬▬ ▬▬▬ ▬▬▬▬ ▬▬ ▬ ▬▬▬ ▬▬ ▬▬▬▬ ▬ ▬▬ ▬▬▬ ▬▬ ▬▬▬ ▬▬▬▬ ▬ ▬▬ ▬▬▬ ▬▬ ▬▬▬▬ ▬ ▬▬▬ ▬▬ ▬▬▬ ▬▬ ▬▬▬▬ ▬ ▬▬ ▬▬▬ ▬▬▬▬ ▬▬ ▬ ▬▬▬ ▬▬ ▬▬▬▬ ▬▬▬ ▬ ▬▬ ▬▬▬ ▬▬▬▬ ▬▬ ▬ ▬▬▬ ▬▬ ▬▬▬▬ ▬▬▬ ▬ ▬▬ ▬▬▬ ▬▬▬▬ ▬▬ ▬▬▬ ▬ ▬▬▬▬ ▬▬ ▬▬▬ ▬ ▬▬ ▬▬▬▬ ▬▬▬ ▬▬ ▬ ▬▬▬ ▬▬▬▬ ▬▬ ▬▬▬ ▬ ▬▬ ▬▬▬▬ ▬▬▬ ▬ ▬▬ ▬▬▬▬ ▬▬▬ ▬▬ ▬ ▬▬▬▬ ▬▬ ▬▬▬ ▬ ▬▬ ▬▬▬▬ ▬▬▬ ▬▬ ▬ ▬▬▬ ▬▬▬▬ ▬▬ ▬ ▬▬▬ ▬▬ ▬▬▬▬ ▬▬▬ ▬ ▬▬ ▬▬▬ ▬▬▬▬ ▬▬ ▬ ▬▬▬
Wirt- und Herr-
schaftlichen
Möbl. Zimmer
Kleingebäude
▬▬ ▬▬▬ ▬ ▬▬▬▬ ▬▬ ▬▬▬ ▬▬ ▬ ▬▬▬▬ ▬▬▬ ▬▬ ▬▬▬ ▬ ▬▬ ▬▬▬▬ ▬▬ ▬ ▬▬▬ ▬▬▬▬ ▬ ▬▬ ▬▬▬ ▬▬ ▬▬▬▬ ▬ ▬▬▬ ▬▬ ▬▬▬ ▬▬▬▬ ▬▬ ▬ ▬▬▬ ▬▬ ▬▬▬▬ ▬ ▬▬ ▬▬▬ ▬▬ ▬▬▬ ▬▬▬▬ ▬ ▬▬ ▬▬▬ ▬▬ ▬▬▬▬ ▬ ▬▬▬ ▬▬ ▬▬▬ ▬▬ ▬▬▬▬ ▬ ▬▬ ▬▬▬ ▬▬▬▬ ▬▬ ▬ ▬▬▬ ▬▬ ▬▬▬▬ ▬▬▬ ▬ ▬▬ ▬▬▬ ▬▬▬▬ ▬▬ ▬ ▬▬▬ ▬▬ ▬▬▬▬ ▬▬▬ ▬ ▬▬ ▬▬▬ ▬▬▬▬ ▬▬ ▬▬▬ ▬ ▬▬▬▬ ▬▬ ▬▬▬ ▬ ▬▬ ▬▬▬▬ ▬▬▬ ▬▬ ▬ ▬▬▬ ▬▬▬▬ ▬▬ ▬▬▬ ▬ ▬▬ ▬▬▬▬ ▬▬▬ ▬ ▬▬ ▬▬▬▬ ▬▬▬ ▬▬ ▬ ▬▬▬▬ ▬▬ ▬▬▬ ▬ ▬▬ ▬▬▬▬ ▬▬▬ ▬▬ ▬ ▬▬▬ ▬▬▬▬ ▬▬ ▬ ▬▬▬ ▬▬ ▬▬▬▬ ▬▬▬ ▬ ▬▬ ▬▬▬ ▬▬▬▬ ▬▬ ▬ ▬▬▬
Gehrock-Anzug
Zwei alte Möbel
▬▬ ▬▬▬ ▬ ▬▬▬▬ ▬▬ ▬▬▬ ▬▬ ▬ ▬▬▬▬ ▬▬▬ ▬▬ ▬▬▬ ▬ ▬▬ ▬▬▬▬ ▬▬ ▬ ▬▬▬ ▬▬▬▬ ▬ ▬▬ ▬▬▬ ▬▬ ▬▬▬▬ ▬ ▬▬▬ ▬▬ ▬▬▬ ▬▬▬▬ ▬▬ ▬ ▬▬▬ ▬▬ ▬▬▬▬ ▬ ▬▬ ▬▬▬ ▬▬ ▬▬▬ ▬▬▬▬ ▬ ▬▬ ▬▬▬ ▬▬ ▬▬▬▬ ▬ ▬▬▬ ▬▬ ▬▬▬ ▬▬ ▬▬▬▬ ▬ ▬▬ ▬▬▬ ▬▬▬▬ ▬▬ ▬ ▬▬▬ ▬▬ ▬▬▬▬ ▬▬▬ ▬ ▬▬ ▬▬▬ ▬▬▬▬ ▬▬ ▬ ▬▬▬ ▬▬ ▬▬▬▬ ▬▬▬ ▬ ▬▬ ▬▬▬ ▬▬▬▬ ▬▬ ▬▬▬ ▬ ▬▬▬▬ ▬▬ ▬▬▬ ▬ ▬▬ ▬▬▬▬ ▬▬▬ ▬▬ ▬ ▬▬▬ ▬▬▬▬ ▬▬ ▬▬▬ ▬ ▬▬ ▬▬▬▬ ▬▬▬ ▬ ▬▬ ▬▬▬▬ ▬▬▬ ▬▬ ▬ ▬▬▬▬ ▬▬ ▬▬▬ ▬ ▬▬ ▬▬▬▬ ▬▬▬ ▬▬ ▬ ▬▬▬ ▬▬▬▬ ▬▬ ▬ ▬▬▬ ▬▬ ▬▬▬▬ ▬▬▬ ▬ ▬▬ ▬▬▬ ▬▬▬▬ ▬▬ ▬ ▬▬▬
Mylinastrasse
Haus
Mk. 110.000.
▬▬ ▬▬▬ ▬ ▬▬▬▬ ▬▬ ▬▬▬ ▬▬ ▬ ▬▬▬▬ ▬▬▬ ▬▬ ▬▬▬ ▬ ▬▬ ▬▬▬▬ ▬▬ ▬ ▬▬▬ ▬▬▬▬ ▬ ▬▬ ▬▬▬ ▬▬ ▬▬▬▬ ▬ ▬▬▬ ▬▬ ▬▬▬ ▬▬▬▬ ▬▬ ▬ ▬▬▬ ▬▬ ▬▬▬▬ ▬ ▬▬ ▬▬▬ ▬▬ ▬▬▬ ▬▬▬▬ ▬ ▬▬ ▬▬▬ ▬▬ ▬▬▬▬ ▬ ▬▬▬ ▬▬ ▬▬▬ ▬▬ ▬▬▬▬ ▬ ▬▬ ▬▬▬ ▬▬▬▬ ▬▬ ▬ ▬▬▬ ▬▬ ▬▬▬▬ ▬▬▬ ▬ ▬▬ ▬▬▬ ▬▬▬▬ ▬▬ ▬ ▬▬▬ ▬▬ ▬▬▬▬ ▬▬▬ ▬ ▬▬ ▬▬▬ ▬▬▬▬ ▬▬ ▬▬▬ ▬ ▬▬▬▬ ▬▬ ▬▬▬ ▬ ▬▬ ▬▬▬▬ ▬▬▬ ▬▬ ▬ ▬▬▬ ▬▬▬▬ ▬▬ ▬▬▬ ▬ ▬▬ ▬▬▬▬ ▬▬▬ ▬ ▬▬ ▬▬▬▬ ▬▬▬ ▬▬ ▬ ▬▬▬▬ ▬▬ ▬▬▬ ▬ ▬▬ ▬▬▬▬ ▬▬▬ ▬▬ ▬ ▬▬▬ ▬▬▬▬ ▬▬ ▬ ▬▬▬ ▬▬ ▬▬▬▬ ▬▬▬ ▬ ▬▬ ▬▬▬ ▬▬▬▬ ▬▬ ▬ ▬▬▬
▬▬ ▬▬▬ ▬ ▬▬▬▬ ▬▬ ▬▬▬ ▬▬ ▬ ▬▬▬▬ ▬▬▬ ▬▬ ▬▬▬ ▬ ▬▬ ▬▬▬▬ ▬▬ ▬ ▬▬▬ ▬▬▬▬ ▬ ▬▬ ▬▬▬ ▬▬ ▬▬▬▬ ▬ ▬▬▬ ▬▬ ▬▬▬ ▬▬▬▬ ▬▬ ▬ ▬▬▬ ▬▬ ▬▬▬▬ ▬ ▬▬ ▬▬▬ ▬▬ ▬▬▬ ▬▬▬▬ ▬ ▬▬ ▬▬▬ ▬▬ ▬▬▬▬ ▬ ▬▬▬ ▬▬ ▬▬▬ ▬▬ ▬▬▬▬ ▬ ▬▬ ▬▬▬ ▬▬▬▬ ▬▬ ▬ ▬▬▬ ▬▬ ▬▬▬▬ ▬▬▬ ▬ ▬▬ ▬▬▬ ▬▬▬▬ ▬▬ ▬ ▬▬▬ ▬▬ ▬▬▬▬ ▬▬▬ ▬ ▬▬ ▬▬▬ ▬▬▬▬ ▬▬ ▬▬▬ ▬ ▬▬▬▬ ▬▬ ▬▬▬ ▬ ▬▬ ▬▬▬▬ ▬▬▬ ▬▬ ▬ ▬▬▬ ▬▬▬▬ ▬▬ ▬▬▬ ▬ ▬▬ ▬▬▬▬ ▬▬▬ ▬ ▬▬ ▬▬▬▬ ▬▬▬ ▬▬ ▬ ▬▬▬▬ ▬▬ ▬▬▬ ▬ ▬▬ ▬▬▬▬ ▬▬▬ ▬▬ ▬ ▬▬▬ ▬▬▬▬ ▬▬ ▬ ▬▬▬ ▬▬ ▬▬▬▬ ▬▬▬ ▬ ▬▬ ▬▬▬ ▬▬▬▬ ▬▬ ▬ ▬▬▬
▬▬ ▬▬▬ ▬ ▬▬▬▬ ▬▬ ▬▬▬ ▬▬ ▬ ▬▬▬▬ ▬▬▬ ▬▬ ▬▬▬ ▬ ▬▬ ▬▬▬▬ ▬▬ ▬ ▬▬▬ ▬▬▬▬ ▬ ▬▬ ▬▬▬ ▬▬ ▬▬▬▬ ▬ ▬▬▬ ▬▬ ▬▬▬ ▬▬▬▬ ▬▬ ▬ ▬▬▬ ▬▬ ▬▬▬▬ ▬ ▬▬ ▬▬▬ ▬▬ ▬▬▬ ▬▬▬▬ ▬ ▬▬ ▬▬▬ ▬▬ ▬▬▬▬ ▬ ▬▬▬ ▬▬ ▬▬▬ ▬▬ ▬▬▬▬ ▬ ▬▬ ▬▬▬ ▬▬▬▬ ▬▬ ▬ ▬▬▬ ▬▬ ▬▬▬▬ ▬▬▬ ▬ ▬▬ ▬▬▬ ▬▬▬▬ ▬▬ ▬ ▬▬▬ ▬▬ ▬▬▬▬ ▬▬▬ ▬ ▬▬ ▬▬▬ ▬▬▬▬ ▬▬ ▬▬▬ ▬ ▬▬▬▬ ▬▬ ▬▬▬ ▬ ▬▬ ▬▬▬▬ ▬▬▬ ▬▬ ▬ ▬▬▬ ▬▬▬▬ ▬▬ ▬▬▬ ▬ ▬▬ ▬▬▬▬ ▬▬▬ ▬ ▬▬ ▬▬▬▬ ▬▬▬ ▬▬ ▬ ▬▬▬▬ ▬▬ ▬▬▬ ▬ ▬▬ ▬▬▬▬ ▬▬▬ ▬▬ ▬ ▬▬▬ ▬▬▬▬ ▬▬ ▬ ▬▬▬ ▬▬ ▬▬▬▬ ▬▬▬ ▬ ▬▬ ▬▬▬ ▬▬▬▬ ▬▬ ▬ ▬▬▬
▬▬ ▬▬▬ ▬ ▬▬▬▬ ▬▬ ▬▬▬ ▬▬ ▬ ▬▬▬▬ ▬▬▬ ▬▬ ▬▬▬ ▬ ▬▬ ▬▬▬▬ ▬▬ ▬ ▬▬▬ ▬▬▬▬ ▬ ▬▬ ▬▬▬ ▬▬ ▬▬▬▬ ▬ ▬▬▬ ▬▬ ▬▬▬ ▬▬▬▬ ▬▬ ▬ ▬▬▬ ▬▬ ▬▬▬▬ ▬ ▬▬ ▬▬▬ ▬▬ ▬▬▬ ▬▬▬▬ ▬ ▬▬ ▬▬▬ ▬▬ ▬▬▬▬ ▬ ▬▬▬ ▬▬ ▬▬▬ ▬▬ ▬▬▬▬ ▬ ▬▬ ▬▬▬ ▬▬▬▬ ▬▬ ▬ ▬▬▬ ▬▬ ▬▬▬▬ ▬▬▬ ▬ ▬▬ ▬▬▬ ▬▬▬▬ ▬▬ ▬ ▬▬▬ ▬▬ ▬▬▬▬ ▬▬▬ ▬ ▬▬ ▬▬▬ ▬▬▬▬ ▬▬ ▬▬▬ ▬ ▬▬▬▬ ▬▬ ▬▬▬ ▬ ▬▬ ▬▬▬▬ ▬▬▬ ▬▬ ▬ ▬▬▬ ▬▬▬▬ ▬▬ ▬▬▬ ▬ ▬▬ ▬▬▬▬ ▬▬▬ ▬ ▬▬ ▬▬▬▬ ▬▬▬ ▬▬ ▬ ▬▬▬▬ ▬▬ ▬▬▬ ▬ ▬▬ ▬▬▬▬ ▬▬▬ ▬▬ ▬ ▬▬▬ ▬▬▬▬ ▬▬ ▬ ▬▬▬ ▬▬ ▬▬▬▬ ▬▬▬ ▬ ▬▬ ▬▬▬ ▬▬▬▬ ▬▬ ▬ ▬▬▬
▬▬ ▬▬▬ ▬ ▬▬▬▬ ▬▬ ▬▬▬ ▬▬ ▬ ▬▬▬▬ ▬▬▬ ▬▬ ▬▬▬ ▬ ▬▬ ▬▬▬▬ ▬▬ ▬ ▬▬▬ ▬▬▬▬ ▬ ▬▬ ▬▬▬ ▬▬ ▬▬▬▬ ▬ ▬▬▬ ▬▬ ▬▬▬ ▬▬▬▬ ▬▬ ▬ ▬▬▬ ▬▬ ▬▬▬▬ ▬ ▬▬ ▬▬▬ ▬▬ ▬▬▬ ▬▬▬▬ ▬ ▬▬ ▬▬▬ ▬▬ ▬▬▬▬ ▬ ▬▬▬ ▬▬ ▬▬▬ ▬▬ ▬▬▬▬ ▬ ▬▬ ▬▬▬ ▬▬▬▬ ▬▬ ▬ ▬▬▬ ▬▬ ▬▬▬▬ ▬▬▬ ▬ ▬▬ ▬▬▬ ▬▬▬▬ ▬▬ ▬ ▬▬▬ ▬▬ ▬▬▬▬ ▬▬▬ ▬ ▬▬ ▬▬▬ ▬▬▬▬ ▬▬ ▬▬▬ ▬ ▬▬▬▬ ▬▬ ▬▬▬ ▬ ▬▬ ▬▬▬▬ ▬▬▬ ▬▬ ▬ ▬▬▬ ▬▬▬▬ ▬▬ ▬▬▬ ▬ ▬▬ ▬▬▬▬ ▬▬▬ ▬ ▬▬ ▬▬▬▬ ▬▬▬ ▬▬ ▬ ▬▬▬▬ ▬▬ ▬▬▬ ▬ ▬▬ ▬▬▬▬ ▬▬▬ ▬▬ ▬ ▬▬▬ ▬▬▬▬ ▬▬ ▬ ▬▬▬ ▬▬ ▬▬▬▬ ▬▬▬ ▬ ▬▬ ▬▬▬ ▬▬▬▬ ▬▬ ▬ ▬▬▬
▬▬ ▬▬▬ ▬ ▬▬▬▬ ▬▬ ▬▬▬ ▬▬ ▬ ▬▬▬▬ ▬▬▬ ▬▬ ▬▬▬ ▬ ▬▬ ▬▬▬▬ ▬▬ ▬ ▬▬▬ ▬▬▬▬ ▬ ▬▬ ▬▬▬ ▬▬ ▬▬▬▬ ▬ ▬▬▬ ▬▬ ▬▬▬ ▬▬▬▬ ▬▬ ▬ ▬▬▬ ▬▬ ▬▬▬▬ ▬ ▬▬ ▬▬▬ ▬▬ ▬▬▬ ▬▬▬▬ ▬ ▬▬ ▬▬▬ ▬▬ ▬▬▬▬ ▬ ▬▬▬ ▬▬ ▬▬▬ ▬▬ ▬▬▬▬ ▬ ▬▬ ▬▬▬ ▬▬▬▬ ▬▬ ▬ ▬▬▬ ▬▬ ▬▬▬▬ ▬▬▬ ▬ ▬▬ ▬▬▬ ▬▬▬▬ ▬▬ ▬ ▬▬▬ ▬▬ ▬▬▬▬ ▬▬▬ ▬ ▬▬ ▬▬▬ ▬▬▬▬ ▬▬ ▬▬▬ ▬ ▬▬▬▬ ▬▬ ▬▬▬ ▬ ▬▬ ▬▬▬▬ ▬▬▬ ▬▬ ▬ ▬▬▬ ▬▬▬▬ ▬▬ ▬▬▬ ▬ ▬▬ ▬▬▬▬ ▬▬▬ ▬ ▬▬ ▬▬▬▬ ▬▬▬ ▬▬ ▬ ▬▬▬▬ ▬▬ ▬▬▬ ▬ ▬▬ ▬▬▬▬ ▬▬▬ ▬▬ ▬ ▬▬▬ ▬▬▬▬ ▬▬ ▬ ▬▬▬ ▬▬ ▬▬▬▬ ▬▬▬ ▬ ▬▬ ▬▬▬ ▬▬▬▬ ▬▬ ▬ ▬▬▬
▬▬ ▬▬▬ ▬ ▬▬▬▬ ▬▬ ▬▬▬ ▬▬ ▬ ▬▬▬▬ ▬▬▬ ▬▬ ▬▬▬ ▬ ▬▬ ▬▬▬▬ ▬▬ ▬ ▬▬▬ ▬▬▬▬ ▬ ▬▬ ▬▬▬ ▬▬ ▬▬▬▬ ▬ ▬▬▬ ▬▬ ▬▬▬ ▬▬▬▬ ▬▬ ▬ ▬▬▬ ▬▬ ▬▬▬▬ ▬ ▬▬ ▬▬▬ ▬▬ ▬▬▬ ▬▬▬▬ ▬ ▬▬ ▬▬▬ ▬▬ ▬▬▬▬ ▬ ▬▬▬ ▬▬ ▬▬▬ ▬▬ ▬▬▬▬ ▬ ▬▬ ▬▬▬ ▬▬▬▬ ▬▬ ▬ ▬▬▬ ▬▬ ▬▬▬▬ ▬▬▬ ▬ ▬▬ ▬▬▬ ▬▬▬▬ ▬▬ ▬ ▬▬▬ ▬▬ ▬▬▬▬ ▬▬▬ ▬ ▬▬ ▬▬▬ ▬▬▬▬ ▬▬ ▬▬▬ ▬ ▬▬▬▬ ▬▬ ▬▬▬ ▬ ▬▬ ▬▬▬▬ ▬▬▬ ▬▬ ▬ ▬▬▬ ▬▬▬▬ ▬▬ ▬▬▬ ▬ ▬▬ ▬▬▬▬ ▬▬▬ ▬ ▬▬ ▬▬▬▬ ▬▬▬ ▬▬ ▬ ▬▬▬▬ ▬▬ ▬▬▬ ▬ ▬▬ ▬▬▬▬ ▬▬▬ ▬▬ ▬ ▬▬▬ ▬▬▬▬ ▬▬ ▬ ▬▬▬ ▬▬ ▬▬▬▬ ▬▬▬ ▬ ▬▬ ▬▬▬ ▬▬▬▬ ▬▬ ▬ ▬▬▬
▬▬ ▬▬▬ ▬ ▬▬▬▬ ▬▬ ▬▬▬ ▬▬ ▬ ▬▬▬▬ ▬▬▬ ▬▬ ▬▬▬ ▬ ▬▬ ▬▬▬▬ ▬▬ ▬ ▬▬▬ ▬▬▬▬ ▬ ▬▬ ▬▬▬ ▬▬ ▬▬▬▬ ▬ ▬▬▬ ▬▬ ▬▬▬ ▬▬▬▬ ▬▬ ▬ ▬▬▬ ▬▬ ▬▬▬▬ ▬ ▬▬ ▬▬▬ ▬▬ ▬▬▬ ▬▬▬▬ ▬ ▬▬ ▬▬▬ ▬▬ ▬▬▬▬ ▬ ▬▬▬ ▬▬ ▬▬▬ ▬▬ ▬▬▬▬ ▬ ▬▬ ▬▬▬ ▬▬▬▬ ▬▬ ▬ ▬▬▬ ▬▬ ▬▬▬▬ ▬▬▬ ▬ ▬▬ ▬▬▬ ▬▬▬▬ ▬▬ ▬ ▬▬▬ ▬▬ ▬▬▬▬ ▬▬▬ ▬ ▬▬ ▬▬▬ ▬▬▬▬ ▬▬ ▬▬▬ ▬ ▬▬▬▬ ▬▬ ▬▬▬ ▬ ▬▬ ▬▬▬▬ ▬▬▬ ▬▬ ▬ ▬▬▬ ▬▬▬▬ ▬▬ ▬▬▬ ▬ ▬▬ ▬▬▬▬ ▬▬▬ ▬ ▬▬ ▬▬▬▬ ▬▬▬ ▬▬ ▬ ▬▬▬▬ ▬▬ ▬▬▬ ▬ ▬▬ ▬▬▬▬ ▬▬▬ ▬▬ ▬ ▬▬▬ ▬▬▬▬ ▬▬ ▬ ▬▬▬ ▬▬ ▬▬▬▬ ▬▬▬ ▬ ▬▬ ▬▬▬ ▬▬▬▬ ▬▬ ▬ ▬▬▬
Gebisse
▬▬ ▬▬▬ ▬ ▬▬▬▬ ▬▬ ▬▬▬ ▬▬ ▬ ▬▬▬▬ ▬▬▬ ▬▬ ▬▬▬ ▬ ▬▬ ▬▬▬▬ ▬▬ ▬ ▬▬▬ ▬▬▬▬ ▬ ▬▬ ▬▬▬ ▬▬ ▬▬▬▬ ▬ ▬▬▬ ▬▬ ▬▬▬ ▬▬▬▬ ▬▬ ▬ ▬▬▬ ▬▬ ▬▬▬▬ ▬ ▬▬ ▬▬▬ ▬▬ ▬▬▬ ▬▬▬▬ ▬ ▬▬ ▬▬▬ ▬▬ ▬▬▬▬ ▬ ▬▬▬ ▬▬ ▬▬▬ ▬▬ ▬▬▬▬ ▬ ▬▬ ▬▬▬ ▬▬▬▬ ▬▬ ▬ ▬▬▬ ▬▬ ▬▬▬▬ ▬▬▬ ▬ ▬▬ ▬▬▬ ▬▬▬▬ ▬▬ ▬ ▬▬▬ ▬▬ ▬▬▬▬ ▬▬▬ ▬ ▬▬ ▬▬▬ ▬▬▬▬ ▬▬ ▬▬▬ ▬ ▬▬▬▬ ▬▬ ▬▬▬ ▬ ▬▬ ▬▬▬▬ ▬▬▬ ▬▬ ▬ ▬▬▬ ▬▬▬▬ ▬▬ ▬▬▬ ▬ ▬▬ ▬▬▬▬ ▬▬▬ ▬ ▬▬ ▬▬▬▬ ▬▬▬ ▬▬ ▬ ▬▬▬▬ ▬▬ ▬▬▬ ▬ ▬▬ ▬▬▬▬ ▬▬▬ ▬▬ ▬ ▬▬▬ ▬▬▬▬ ▬▬ ▬ ▬▬▬ ▬▬ ▬▬▬▬ ▬▬▬ ▬ ▬▬ ▬▬▬ ▬▬▬▬ ▬▬ ▬ ▬▬▬
Herren-Kleider
Möbel
▬▬ ▬▬▬ ▬ ▬▬▬▬ ▬▬ ▬▬▬ ▬▬ ▬ ▬▬▬▬ ▬▬▬ ▬▬ ▬▬▬ ▬ ▬▬ ▬▬▬▬ ▬▬ ▬ ▬▬▬ ▬▬▬▬ ▬ ▬▬ ▬▬▬ ▬▬ ▬▬▬▬ ▬ ▬▬▬ ▬▬ ▬▬▬ ▬▬▬▬ ▬▬ ▬ ▬▬▬ ▬▬ ▬▬▬▬ ▬ ▬▬ ▬▬▬ ▬▬ ▬▬▬ ▬▬▬▬ ▬ ▬▬ ▬▬▬ ▬▬ ▬▬▬▬ ▬ ▬▬▬ ▬▬ ▬▬▬ ▬▬ ▬▬▬▬ ▬ ▬▬ ▬▬▬ ▬▬▬▬ ▬▬ ▬ ▬▬▬ ▬▬ ▬▬▬▬ ▬▬▬ ▬ ▬▬ ▬▬▬ ▬▬▬▬ ▬▬ ▬ ▬▬▬ ▬▬ ▬▬▬▬ ▬▬▬ ▬ ▬▬ ▬▬▬ ▬▬▬▬ ▬▬ ▬▬▬ ▬ ▬▬▬▬ ▬▬ ▬▬▬ ▬ ▬▬ ▬▬▬▬ ▬▬▬ ▬▬ ▬ ▬▬▬ ▬▬▬▬ ▬▬ ▬▬▬ ▬ ▬▬ ▬▬▬▬ ▬▬▬ ▬ ▬▬ ▬▬▬▬ ▬▬▬ ▬▬ ▬ ▬▬▬▬ ▬▬ ▬▬▬ ▬ ▬▬ ▬▬▬▬ ▬▬▬ ▬▬ ▬ ▬▬▬ ▬▬▬▬ ▬▬ ▬ ▬▬▬ ▬▬ ▬▬▬▬ ▬▬▬ ▬ ▬▬ ▬▬▬ ▬▬▬▬ ▬▬ ▬ ▬▬▬
Bücher
Bibliotheken
Börsen- und Stühle
▬▬ ▬▬▬ ▬ ▬▬▬▬ ▬▬ ▬▬▬ ▬▬ ▬ ▬▬▬▬ ▬▬▬ ▬▬ ▬▬▬ ▬ ▬▬ ▬▬▬▬ ▬▬ ▬ ▬▬▬ ▬▬▬▬ ▬ ▬▬ ▬▬▬ ▬▬ ▬▬▬▬ ▬ ▬▬▬ ▬▬ ▬▬▬ ▬▬▬▬ ▬▬ ▬ ▬▬▬ ▬▬ ▬▬▬▬ ▬ ▬▬ ▬▬▬ ▬▬ ▬▬▬ ▬▬▬▬ ▬ ▬▬ ▬▬▬ ▬▬ ▬▬▬▬ ▬ ▬▬▬ ▬▬ ▬▬▬ ▬▬ ▬▬▬▬ ▬ ▬▬ ▬▬▬ ▬▬▬▬ ▬▬ ▬ ▬▬▬ ▬▬ ▬▬▬▬ ▬▬▬ ▬ ▬▬ ▬▬▬ ▬▬▬▬ ▬▬ ▬ ▬▬▬ ▬▬ ▬▬▬▬ ▬▬▬ ▬ ▬▬ ▬▬▬ ▬▬▬▬ ▬▬ ▬▬▬ ▬ ▬▬▬▬ ▬▬ ▬▬▬ ▬ ▬▬ ▬▬▬▬ ▬▬▬ ▬▬ ▬ ▬▬▬ ▬▬▬▬ ▬▬ ▬▬▬ ▬ ▬▬ ▬▬▬▬ ▬▬▬ ▬ ▬▬ ▬▬▬▬ ▬▬▬ ▬▬ ▬ ▬▬▬▬ ▬▬ ▬▬▬ ▬ ▬▬ ▬▬▬▬ ▬▬▬ ▬▬ ▬ ▬▬▬ ▬▬▬▬ ▬▬ ▬ ▬▬▬ ▬▬ ▬▬▬▬ ▬▬▬ ▬ ▬▬ ▬▬▬ ▬▬▬▬ ▬▬ ▬ ▬▬▬
Altpapier
▬▬ ▬▬▬ ▬ ▬▬▬▬ ▬▬ ▬▬▬ ▬▬ ▬ ▬▬▬▬ ▬▬▬ ▬▬ ▬▬▬ ▬ ▬▬ ▬▬▬▬ ▬▬ ▬ ▬▬▬ ▬▬▬▬ ▬ ▬▬ ▬▬▬ ▬▬ ▬▬▬▬ ▬ ▬▬▬ ▬▬ ▬▬▬ ▬▬▬▬ ▬▬ ▬ ▬▬▬ ▬▬ ▬▬▬▬ ▬ ▬▬ ▬▬▬ ▬▬ ▬▬▬ ▬▬▬▬ ▬ ▬▬ ▬▬▬ ▬▬ ▬▬▬▬ ▬ ▬▬▬ ▬▬ ▬▬▬ ▬▬ ▬▬▬▬ ▬ ▬▬ ▬▬▬ ▬▬▬▬ ▬▬ ▬ ▬▬▬ ▬▬ ▬▬▬▬ ▬▬▬ ▬ ▬▬ ▬▬▬ ▬▬▬▬ ▬▬ ▬ ▬▬▬ ▬▬ ▬▬▬▬ ▬▬▬ ▬ ▬▬ ▬▬▬ ▬▬▬▬ ▬▬ ▬▬▬ ▬ ▬▬▬▬ ▬▬ ▬▬▬ ▬ ▬▬ ▬▬▬▬ ▬▬▬ ▬▬ ▬ ▬▬▬ ▬▬▬▬ ▬▬ ▬▬▬ ▬ ▬▬ ▬▬▬▬ ▬▬▬ ▬ ▬▬ ▬▬▬▬ ▬▬▬ ▬▬ ▬ ▬▬▬▬ ▬▬ ▬▬▬ ▬ ▬▬ ▬▬▬▬ ▬▬▬ ▬▬ ▬ ▬▬▬ ▬▬▬▬ ▬▬ ▬ ▬▬▬ ▬▬ ▬▬▬▬ ▬▬▬ ▬ ▬▬ ▬▬▬ ▬▬▬▬ ▬▬ ▬ ▬▬▬
Gebisse
▬▬ ▬▬▬ ▬ ▬▬▬▬ ▬▬ ▬▬▬ ▬▬ ▬ ▬▬▬▬ ▬▬▬ ▬▬ ▬▬▬ ▬ ▬▬ ▬▬▬▬ ▬▬ ▬ ▬▬▬ ▬▬▬▬ ▬ ▬▬ ▬▬▬ ▬▬ ▬▬▬▬ ▬ ▬▬▬ ▬▬ ▬▬▬ ▬▬▬▬ ▬▬ ▬ ▬▬▬ ▬▬ ▬▬▬▬ ▬ ▬▬ ▬▬▬ ▬▬ ▬▬▬ ▬▬▬▬ ▬ ▬▬ ▬▬▬ ▬▬ ▬▬▬▬ ▬ ▬▬▬ ▬▬ ▬▬▬ ▬▬ ▬▬▬▬ ▬ ▬▬ ▬▬▬ ▬▬▬▬ ▬▬ ▬ ▬▬▬ ▬▬ ▬▬▬▬ ▬▬▬ ▬ ▬▬ ▬▬▬ ▬▬▬▬ ▬▬ ▬ ▬▬▬ ▬▬ ▬▬▬▬ ▬▬▬ ▬ ▬▬ ▬▬▬ ▬▬▬▬ ▬▬ ▬▬▬ ▬ ▬▬▬▬ ▬▬ ▬▬▬ ▬ ▬▬ ▬▬▬▬ ▬▬▬ ▬▬ ▬ ▬▬▬ ▬▬▬▬ ▬▬ ▬▬▬ ▬ ▬▬ ▬▬▬▬ ▬▬▬ ▬ ▬▬ ▬▬▬▬ ▬▬▬ ▬▬ ▬ ▬▬▬▬ ▬▬ ▬▬▬ ▬ ▬▬ ▬▬▬▬ ▬▬▬ ▬▬ ▬ ▬▬▬ ▬▬▬▬ ▬▬ ▬ ▬▬▬ ▬▬ ▬▬▬▬ ▬▬▬ ▬ ▬▬ ▬▬▬ ▬▬▬▬ ▬▬ ▬ ▬▬▬
Kaufe alte Möbel
▬▬ ▬▬▬ ▬ ▬▬▬▬ ▬▬ ▬▬▬ ▬▬ ▬ ▬▬▬▬ ▬▬▬ ▬▬ ▬▬▬ ▬ ▬▬ ▬▬▬▬ ▬▬ ▬ ▬▬▬ ▬▬▬▬ ▬ ▬▬ ▬▬▬ ▬▬ ▬▬▬▬ ▬ ▬▬▬ ▬▬ ▬▬▬ ▬▬▬▬ ▬▬ ▬ ▬▬▬ ▬▬ ▬▬▬▬ ▬ ▬▬ ▬▬▬ ▬▬ ▬▬▬ ▬▬▬▬ ▬ ▬▬ ▬▬▬ ▬▬ ▬▬▬▬ ▬ ▬▬▬ ▬▬ ▬▬▬ ▬▬ ▬▬▬▬ ▬ ▬▬ ▬▬▬ ▬▬▬▬ ▬▬ ▬ ▬▬▬ ▬▬ ▬▬▬▬ ▬▬▬ ▬ ▬▬ ▬▬▬ ▬▬▬▬ ▬▬ ▬ ▬▬▬ ▬▬ ▬▬▬▬ ▬▬▬ ▬ ▬▬ ▬▬▬ ▬▬▬▬ ▬▬ ▬▬▬ ▬ ▬▬▬▬ ▬▬ ▬▬▬ ▬ ▬▬ ▬▬▬▬ ▬▬▬ ▬▬ ▬ ▬▬▬ ▬▬▬▬ ▬▬ ▬▬▬ ▬ ▬▬ ▬▬▬▬ ▬▬▬ ▬ ▬▬ ▬▬▬▬ ▬▬▬ ▬▬ ▬ ▬▬▬▬ ▬▬ ▬▬▬ ▬ ▬▬ ▬▬▬▬ ▬▬▬ ▬▬ ▬ ▬▬▬ ▬▬▬▬ ▬▬ ▬ ▬▬▬ ▬▬ ▬▬▬▬ ▬▬▬ ▬ ▬▬ ▬▬▬ ▬▬▬▬ ▬▬ ▬ ▬▬▬
Aufruf!
▬▬ ▬▬▬ ▬ ▬▬▬▬ ▬▬ ▬▬▬ ▬▬ ▬ ▬▬▬▬ ▬▬▬ ▬▬ ▬▬▬ ▬ ▬▬ ▬▬▬▬ ▬▬ ▬ ▬▬▬ ▬▬▬▬ ▬ ▬▬ ▬▬▬ ▬▬ ▬▬▬▬ ▬ ▬▬▬ ▬▬ ▬▬▬ ▬▬▬▬ ▬▬ ▬ ▬▬▬ ▬▬ ▬▬▬▬ ▬ ▬▬ ▬▬▬ ▬▬ ▬▬▬ ▬▬▬▬ ▬ ▬▬ ▬▬▬ ▬▬ ▬▬▬▬ ▬ ▬▬▬ ▬▬ ▬▬▬ ▬▬ ▬▬▬▬ ▬ ▬▬ ▬▬▬ ▬▬▬▬ ▬▬ ▬ ▬▬▬ ▬▬ ▬▬▬▬ ▬▬▬ ▬ ▬▬ ▬▬▬ ▬▬▬▬ ▬▬ ▬ ▬▬▬ ▬▬ ▬▬▬▬ ▬▬▬ ▬ ▬▬ ▬▬▬ ▬▬▬▬ ▬▬ ▬▬▬ ▬ ▬▬▬▬ ▬▬ ▬▬▬ ▬ ▬▬ ▬▬▬▬ ▬▬▬ ▬▬ ▬ ▬▬▬ ▬▬▬▬ ▬▬ ▬▬▬ ▬ ▬▬ ▬▬▬▬ ▬▬▬ ▬ ▬▬ ▬▬▬▬ ▬▬▬ ▬▬ ▬ ▬▬▬▬ ▬▬ ▬▬▬ ▬ ▬▬ ▬▬▬▬ ▬▬▬ ▬▬ ▬ ▬▬▬ ▬▬▬▬ ▬▬ ▬ ▬▬▬ ▬▬ ▬▬▬▬ ▬▬▬ ▬ ▬▬ ▬▬▬ ▬▬▬▬ ▬▬ ▬ ▬▬▬
Das Oberkommando der Armeeabteilung A
Reinemer & Schiess
Falkstraße 104 — Telephon Taunus 3003
Mechan. Reparatur-Werkstätte
▬▬ ▬▬▬ ▬ ▬▬▬▬ ▬▬ ▬▬▬ ▬▬ ▬ ▬▬▬▬ ▬▬▬ ▬▬ ▬▬▬ ▬ ▬▬ ▬▬▬▬ ▬▬ ▬ ▬▬▬ ▬▬▬▬ ▬ ▬▬ ▬▬▬ ▬▬ ▬▬▬▬ ▬ ▬▬▬ ▬▬ ▬▬▬ ▬▬▬▬ ▬▬ ▬ ▬▬▬ ▬▬ ▬▬▬▬ ▬ ▬▬ ▬▬▬ ▬▬ ▬▬▬ ▬▬▬▬ ▬ ▬▬ ▬▬▬ ▬▬ ▬▬▬▬ ▬ ▬▬▬ ▬▬ ▬▬▬ ▬▬ ▬▬▬▬ ▬ ▬▬ ▬▬▬ ▬▬▬▬ ▬▬ ▬ ▬▬▬ ▬▬ ▬▬▬▬ ▬▬▬ ▬ ▬▬ ▬▬▬ ▬▬▬▬ ▬▬ ▬ ▬▬▬ ▬▬ ▬▬▬▬ ▬▬▬ ▬ ▬▬ ▬▬▬ ▬▬▬▬ ▬▬ ▬▬▬ ▬ ▬▬▬▬ ▬▬ ▬▬▬ ▬ ▬▬ ▬▬▬▬ ▬▬▬ ▬▬ ▬ ▬▬▬ ▬▬▬▬ ▬▬ ▬▬▬ ▬ ▬▬ ▬▬▬▬ ▬▬▬ ▬ ▬▬ ▬▬▬▬ ▬▬▬ ▬▬ ▬ ▬▬▬▬ ▬▬ ▬▬▬ ▬ ▬▬ ▬▬▬▬ ▬▬▬ ▬▬ ▬ ▬▬▬ ▬▬▬▬ ▬▬ ▬ ▬▬▬ ▬▬ ▬▬▬▬ ▬▬▬ ▬ ▬▬ ▬▬▬ ▬▬▬▬ ▬▬ ▬ ▬▬▬
Neu-Anlagen und Reparaturen
▬▬ ▬▬▬ ▬ ▬▬▬▬ ▬▬ ▬▬▬ ▬▬ ▬ ▬▬▬▬ ▬▬▬ ▬▬ ▬▬▬ ▬ ▬▬ ▬▬▬▬ ▬▬ ▬ ▬▬▬ ▬▬▬▬ ▬ ▬▬ ▬▬▬ ▬▬ ▬▬▬▬ ▬ ▬▬▬ ▬▬ ▬▬▬ ▬▬▬▬ ▬▬ ▬ ▬▬▬ ▬▬ ▬▬▬▬ ▬ ▬▬ ▬▬▬ ▬▬ ▬▬▬ ▬▬▬▬ ▬ ▬▬ ▬▬▬ ▬▬ ▬▬▬▬ ▬ ▬▬▬ ▬▬ ▬▬▬ ▬▬ ▬▬▬▬ ▬ ▬▬ ▬▬▬ ▬▬▬▬ ▬▬ ▬ ▬▬▬ ▬▬ ▬▬▬▬ ▬▬▬ ▬ ▬▬ ▬▬▬ ▬▬▬▬ ▬▬ ▬ ▬▬▬ ▬▬ ▬▬▬▬ ▬▬▬ ▬ ▬▬ ▬▬▬ ▬▬▬▬ ▬▬ ▬▬▬ ▬ ▬▬▬▬ ▬▬ ▬▬▬ ▬ ▬▬ ▬▬▬▬ ▬▬▬ ▬▬ ▬ ▬▬▬ ▬▬▬▬ ▬▬ ▬▬▬ ▬ ▬▬ ▬▬▬▬ ▬▬▬ ▬ ▬▬ ▬▬▬▬ ▬▬▬ ▬▬ ▬ ▬▬▬▬ ▬▬ ▬▬▬ ▬ ▬▬ ▬▬▬▬ ▬▬▬ ▬▬ ▬ ▬▬▬ ▬▬▬▬ ▬▬ ▬ ▬▬▬ ▬▬ ▬▬▬▬ ▬▬▬ ▬ ▬▬ ▬▬▬ ▬▬▬▬ ▬▬ ▬ ▬▬▬
Schnellste gute Bedienung bei billigster Berechnung
Einstellung des Zuckerhekes.
▬▬ ▬▬▬ ▬ ▬▬▬▬ ▬▬ ▬▬▬ ▬▬ ▬ ▬▬▬▬ ▬▬▬ ▬▬ ▬▬▬ ▬ ▬▬ ▬▬▬▬ ▬▬ ▬ ▬▬▬ ▬▬▬▬ ▬ ▬▬ ▬▬▬ ▬▬ ▬▬▬▬ ▬ ▬▬▬ ▬▬ ▬▬▬ ▬▬▬▬ ▬▬ ▬ ▬▬▬ ▬▬ ▬▬▬▬ ▬ ▬▬ ▬▬▬ ▬▬ ▬▬▬ ▬▬▬▬ ▬ ▬▬ ▬▬▬ ▬▬ ▬▬▬▬ ▬ ▬▬▬ ▬▬ ▬▬▬ ▬▬ ▬▬▬▬ ▬ ▬▬ ▬▬▬ ▬▬▬▬ ▬▬ ▬ ▬▬▬ ▬▬ ▬▬▬▬ ▬▬▬ ▬ ▬▬ ▬▬▬ ▬▬▬▬ ▬▬ ▬ ▬▬▬ ▬▬ ▬▬▬▬ ▬▬▬ ▬ ▬▬ ▬▬▬ ▬▬▬▬ ▬▬ ▬▬▬ ▬ ▬▬▬▬ ▬▬ ▬▬▬ ▬ ▬▬ ▬▬▬▬ ▬▬▬ ▬▬ ▬ ▬▬▬ ▬▬▬▬ ▬▬ ▬▬▬ ▬ ▬▬ ▬▬▬▬ ▬▬▬ ▬ ▬▬ ▬▬▬▬ ▬▬▬ ▬▬ ▬ ▬▬▬▬ ▬▬ ▬▬▬ ▬ ▬▬ ▬▬▬▬ ▬▬▬ ▬▬ ▬ ▬▬▬ ▬▬▬▬ ▬▬ ▬ ▬▬▬ ▬▬ ▬▬▬▬ ▬▬▬ ▬ ▬▬ ▬▬▬ ▬▬▬▬ ▬▬ ▬ ▬▬▬
Neues aus Altem!
▬▬ ▬▬▬ ▬ ▬▬▬▬ ▬▬ ▬▬▬ ▬▬ ▬ ▬▬▬▬ ▬▬▬ ▬▬ ▬▬▬ ▬ ▬▬ ▬▬▬▬ ▬▬ ▬ ▬▬▬ ▬▬▬▬ ▬ ▬▬ ▬▬▬ ▬▬ ▬▬▬▬ ▬ ▬▬▬ ▬▬ ▬▬▬ ▬▬▬▬ ▬▬ ▬ ▬▬▬ ▬▬ ▬▬▬▬ ▬ ▬▬ ▬▬▬ ▬▬ ▬▬▬ ▬▬▬▬ ▬ ▬▬ ▬▬▬ ▬▬ ▬▬▬▬ ▬ ▬▬▬ ▬▬ ▬▬▬ ▬▬ ▬▬▬▬ ▬ ▬▬ ▬▬▬ ▬▬▬▬ ▬▬ ▬ ▬▬▬ ▬▬ ▬▬▬▬ ▬▬▬ ▬ ▬▬ ▬▬▬ ▬▬▬▬ ▬▬ ▬ ▬▬▬ ▬▬ ▬▬▬▬ ▬▬▬ ▬ ▬▬ ▬▬▬ ▬▬▬▬ ▬▬ ▬▬▬ ▬ ▬▬▬▬ ▬▬ ▬▬▬ ▬ ▬▬ ▬▬▬▬ ▬▬▬ ▬▬ ▬ ▬▬▬ ▬▬▬▬ ▬▬ ▬▬▬ ▬ ▬▬ ▬▬▬▬ ▬▬▬ ▬ ▬▬ ▬▬▬▬ ▬▬▬ ▬▬ ▬ ▬▬▬▬ ▬▬ ▬▬▬ ▬ ▬▬ ▬▬▬▬ ▬▬▬ ▬▬ ▬ ▬▬▬ ▬▬▬▬ ▬▬ ▬ ▬▬▬ ▬▬ ▬▬▬▬ ▬▬▬ ▬ ▬▬ ▬▬▬ ▬▬▬▬ ▬▬ ▬ ▬▬▬
Linoleum
▬▬ ▬▬▬ ▬ ▬▬▬▬ ▬▬ ▬▬▬ ▬▬ ▬ ▬▬▬▬ ▬▬▬ ▬▬ ▬▬▬ ▬ ▬▬ ▬▬▬▬ ▬▬ ▬ ▬▬▬ ▬▬▬▬ ▬ ▬▬ ▬▬▬ ▬▬ ▬▬▬▬ ▬ ▬▬▬ ▬▬ ▬▬▬ ▬▬▬▬ ▬▬ ▬ ▬▬▬ ▬▬ ▬▬▬▬ ▬ ▬▬ ▬▬▬ ▬▬ ▬▬▬ ▬▬▬▬ ▬ ▬▬ ▬▬▬ ▬▬ ▬▬▬▬ ▬ ▬▬▬ ▬▬ ▬▬▬ ▬▬ ▬▬▬▬ ▬ ▬▬ ▬▬▬ ▬▬▬▬ ▬▬ ▬ ▬▬▬ ▬▬ ▬▬▬▬ ▬▬▬ ▬ ▬▬ ▬▬▬ ▬▬▬▬ ▬▬ ▬ ▬▬▬ ▬▬ ▬▬▬▬ ▬▬▬ ▬ ▬▬ ▬▬▬ ▬▬▬▬ ▬▬ ▬▬▬ ▬ ▬▬▬▬ ▬▬ ▬▬▬ ▬ ▬▬ ▬▬▬▬ ▬▬▬ ▬▬ ▬ ▬▬▬ ▬▬▬▬ ▬▬ ▬▬▬ ▬ ▬▬ ▬▬▬▬ ▬▬▬ ▬ ▬▬ ▬▬▬▬ ▬▬▬ ▬▬ ▬ ▬▬▬▬ ▬▬ ▬▬▬ ▬ ▬▬ ▬▬▬▬ ▬▬▬ ▬▬ ▬ ▬▬▬ ▬▬▬▬ ▬▬ ▬ ▬▬▬ ▬▬ ▬▬▬▬ ▬▬▬ ▬ ▬▬ ▬▬▬ ▬▬▬▬ ▬▬ ▬ ▬▬▬
Zimmer
▬▬ ▬▬▬ ▬ ▬▬▬▬ ▬▬ ▬▬▬ ▬▬ ▬ ▬▬▬▬ ▬▬▬ ▬▬ ▬▬▬ ▬ ▬▬ ▬▬▬▬ ▬▬ ▬ ▬▬▬ ▬▬▬▬ ▬ ▬▬ ▬▬▬ ▬▬ ▬▬▬▬ ▬ ▬▬▬ ▬▬ ▬▬▬ ▬▬▬▬ ▬▬ ▬ ▬▬▬ ▬▬ ▬▬▬▬ ▬ ▬▬ ▬▬▬ ▬▬ ▬▬▬ ▬▬▬▬ ▬ ▬▬ ▬▬▬ ▬▬ ▬▬▬▬ ▬ ▬▬▬ ▬▬ ▬▬▬ ▬▬ ▬▬▬▬ ▬ ▬▬ ▬▬▬ ▬▬▬▬ ▬▬ ▬ ▬▬▬ ▬▬ ▬▬▬▬ ▬▬▬ ▬ ▬▬ ▬▬▬ ▬▬▬▬ ▬▬ ▬ ▬▬▬ ▬▬ ▬▬▬▬ ▬▬▬ ▬ ▬▬ ▬▬▬ ▬▬▬▬ ▬▬ ▬▬▬ ▬ ▬▬▬▬ ▬▬ ▬▬▬ ▬ ▬▬ ▬▬▬▬ ▬▬▬ ▬▬ ▬ ▬▬▬ ▬▬▬▬ ▬▬ ▬▬▬ ▬ ▬▬ ▬▬▬▬ ▬▬▬ ▬ ▬▬ ▬▬▬▬ ▬▬▬ ▬▬ ▬ ▬▬▬▬ ▬▬ ▬▬▬ ▬ ▬▬ ▬▬▬▬ ▬▬▬ ▬▬ ▬ ▬▬▬ ▬▬▬▬ ▬▬ ▬ ▬▬▬ ▬▬ ▬▬▬▬ ▬▬▬ ▬ ▬▬ ▬▬▬ ▬▬▬▬ ▬▬ ▬ ▬▬▬
Frisieren!
▬▬ ▬▬▬ ▬ ▬▬▬▬ ▬▬ ▬▬▬ ▬▬ ▬ ▬▬▬▬ ▬▬▬ ▬▬ ▬▬▬ ▬ ▬▬ ▬▬▬▬ ▬▬ ▬ ▬▬▬ ▬▬▬▬ ▬ ▬▬ ▬▬▬ ▬▬ ▬▬▬▬ ▬ ▬▬▬ ▬▬ ▬▬▬ ▬▬▬▬ ▬▬ ▬ ▬▬▬ ▬▬ ▬▬▬▬ ▬ ▬▬ ▬▬▬ ▬▬ ▬▬▬ ▬▬▬▬ ▬ ▬▬ ▬▬▬ ▬▬ ▬▬▬▬ ▬ ▬▬▬ ▬▬ ▬▬▬ ▬▬ ▬▬▬▬ ▬ ▬▬ ▬▬▬ ▬▬▬▬ ▬▬ ▬ ▬▬▬ ▬▬ ▬▬▬▬ ▬▬▬ ▬ ▬▬ ▬▬▬ ▬▬▬▬ ▬▬ ▬ ▬▬▬ ▬▬ ▬▬▬▬ ▬▬▬ ▬ ▬▬ ▬▬▬ ▬▬▬▬ ▬▬ ▬▬▬ ▬ ▬▬▬▬ ▬▬ ▬▬▬ ▬ ▬▬ ▬▬▬▬ ▬▬▬ ▬▬ ▬ ▬▬▬ ▬▬▬▬ ▬▬ ▬▬▬ ▬ ▬▬ ▬▬▬▬ ▬▬▬ ▬ ▬▬ ▬▬▬▬ ▬▬▬ ▬▬ ▬ ▬▬▬▬ ▬▬ ▬▬▬ ▬ ▬▬ ▬▬▬▬ ▬▬▬ ▬▬ ▬ ▬▬▬ ▬▬▬▬ ▬▬ ▬ ▬▬▬ ▬▬ ▬▬▬▬ ▬▬▬ ▬ ▬▬ ▬▬▬ ▬▬▬▬ ▬▬ ▬ ▬▬▬
Tanzlehre
▬▬ ▬▬▬ ▬ ▬▬▬▬ ▬▬ ▬▬▬ ▬▬ ▬ ▬▬▬▬ ▬▬▬ ▬▬ ▬▬▬ ▬ ▬▬ ▬▬▬▬ ▬▬ ▬ ▬▬▬ ▬▬▬▬ ▬ ▬▬ ▬▬▬ ▬▬ ▬▬▬▬ ▬ ▬▬▬ ▬▬ ▬▬▬ ▬▬▬▬ ▬▬ ▬ ▬▬▬ ▬▬ ▬▬▬▬ ▬ ▬▬ ▬▬▬ ▬▬ ▬▬▬ ▬▬▬▬ ▬ ▬▬ ▬▬▬ ▬▬ ▬▬▬▬ ▬ ▬▬▬ ▬▬ ▬▬▬ ▬▬ ▬▬▬▬ ▬ ▬▬ ▬▬▬ ▬▬▬▬ ▬▬ ▬ ▬▬▬ ▬▬ ▬▬▬▬ ▬▬▬ ▬ ▬▬ ▬▬▬ ▬▬▬▬ ▬▬ ▬ ▬▬▬ ▬▬ ▬▬▬▬ ▬▬▬ ▬ ▬▬ ▬▬▬ ▬▬▬▬ ▬▬ ▬▬▬ ▬ ▬▬▬▬ ▬▬ ▬▬▬ ▬ ▬▬ ▬▬▬▬ ▬▬▬ ▬▬ ▬ ▬▬▬ ▬▬▬▬ ▬▬ ▬▬▬ ▬ ▬▬ ▬▬▬▬ ▬▬▬ ▬ ▬▬ ▬▬▬▬ ▬▬▬ ▬▬ ▬ ▬▬▬▬ ▬▬ ▬▬▬ ▬ ▬▬ ▬▬▬▬ ▬▬▬ ▬▬ ▬ ▬▬▬ ▬▬▬▬ ▬▬ ▬ ▬▬▬ ▬▬ ▬▬▬▬ ▬▬▬ ▬ ▬▬ ▬▬▬ ▬▬▬▬ ▬▬ ▬ ▬▬▬
▬▬ ▬▬▬ ▬ ▬▬▬▬ ▬▬ ▬▬▬ ▬▬ ▬ ▬▬▬▬ ▬▬▬ ▬▬ ▬▬▬ ▬ ▬▬ ▬▬▬▬ ▬▬ ▬ ▬▬▬ ▬▬▬▬ ▬ ▬▬ ▬▬▬ ▬▬ ▬▬▬▬ ▬ ▬▬▬ ▬▬ ▬▬▬ ▬▬▬▬ ▬▬ ▬ ▬▬▬ ▬▬ ▬▬▬▬ ▬ ▬▬ ▬▬▬ ▬▬ ▬▬▬ ▬▬▬▬ ▬ ▬▬ ▬▬▬ ▬▬ ▬▬▬▬ ▬ ▬▬▬ ▬▬ ▬▬▬ ▬▬ ▬▬▬▬ ▬ ▬▬ ▬▬▬ ▬▬▬▬ ▬▬ ▬ ▬▬▬ ▬▬ ▬▬▬▬ ▬▬▬ ▬ ▬▬ ▬▬▬ ▬▬▬▬ ▬▬ ▬ ▬▬▬ ▬▬ ▬▬▬▬ ▬▬▬ ▬ ▬▬ ▬▬▬ ▬▬▬▬ ▬▬ ▬▬▬ ▬ ▬▬▬▬ ▬▬ ▬▬▬ ▬ ▬▬ ▬▬▬▬ ▬▬▬ ▬▬ ▬ ▬▬▬ ▬▬▬▬ ▬▬ ▬▬▬ ▬ ▬▬ ▬▬▬▬ ▬▬▬ ▬ ▬▬ ▬▬▬▬ ▬▬▬ ▬▬ ▬ ▬▬▬▬ ▬▬ ▬▬▬ ▬ ▬▬ ▬▬▬▬ ▬▬▬ ▬▬ ▬ ▬▬▬ ▬▬▬▬ ▬▬ ▬ ▬▬▬ ▬▬ ▬▬▬▬ ▬▬▬ ▬ ▬▬ ▬▬▬ ▬▬▬▬ ▬▬ ▬ ▬▬▬
Heidelberger Tee
▬▬ ▬▬▬ ▬ ▬▬▬▬ ▬▬ ▬▬▬ ▬▬ ▬ ▬▬▬▬ ▬▬▬ ▬▬ ▬▬▬ ▬ ▬▬ ▬▬▬▬ ▬▬ ▬ ▬▬▬ ▬▬▬▬ ▬ ▬▬ ▬▬▬ ▬▬ ▬▬▬▬ ▬ ▬▬▬ ▬▬ ▬▬▬ ▬▬▬▬ ▬▬ ▬ ▬▬▬ ▬▬ ▬▬▬▬ ▬ ▬▬ ▬▬▬ ▬▬ ▬▬▬ ▬▬▬▬ ▬ ▬▬ ▬▬▬ ▬▬ ▬▬▬▬ ▬ ▬▬▬ ▬▬ ▬▬▬ ▬▬ ▬▬▬▬ ▬ ▬▬ ▬▬▬ ▬▬▬▬ ▬▬ ▬ ▬▬▬ ▬▬ ▬▬▬▬ ▬▬▬ ▬ ▬▬ ▬▬▬ ▬▬▬▬ ▬▬ ▬ ▬▬▬ ▬▬ ▬▬▬▬ ▬▬▬ ▬ ▬▬ ▬▬▬ ▬▬▬▬ ▬▬ ▬▬▬ ▬ ▬▬▬▬ ▬▬ ▬▬▬ ▬ ▬▬ ▬▬▬▬ ▬▬▬ ▬▬ ▬ ▬▬▬ ▬▬▬▬ ▬▬ ▬▬▬ ▬ ▬▬ ▬▬▬▬ ▬▬▬ ▬ ▬▬ ▬▬▬▬ ▬▬▬ ▬▬ ▬ ▬▬▬▬ ▬▬ ▬▬▬ ▬ ▬▬ ▬▬▬▬ ▬▬▬ ▬▬ ▬ ▬▬▬ ▬▬▬▬ ▬▬ ▬ ▬▬▬ ▬▬ ▬▬▬▬ ▬▬▬ ▬ ▬▬ ▬▬▬ ▬▬▬▬ ▬▬ ▬ ▬▬▬
Roten Kreuze, Heidelberg
Rauchtabak.
▬▬ ▬▬▬ ▬ ▬▬▬▬ ▬▬ ▬▬▬ ▬▬ ▬ ▬▬▬▬ ▬▬▬ ▬▬ ▬▬▬ ▬ ▬▬ ▬▬▬▬ ▬▬ ▬ ▬▬▬ ▬▬▬▬ ▬ ▬▬ ▬▬▬ ▬▬ ▬▬▬▬ ▬ ▬▬▬ ▬▬ ▬▬▬ ▬▬▬▬ ▬▬ ▬ ▬▬▬ ▬▬ ▬▬▬▬ ▬ ▬▬ ▬▬▬ ▬▬ ▬▬▬ ▬▬▬▬ ▬ ▬▬ ▬▬▬ ▬▬ ▬▬▬▬ ▬ ▬▬▬ ▬▬ ▬▬▬ ▬▬ ▬▬▬▬ ▬ ▬▬ ▬▬▬ ▬▬▬▬ ▬▬ ▬ ▬▬▬ ▬▬ ▬▬▬▬ ▬▬▬ ▬ ▬▬ ▬▬▬ ▬▬▬▬ ▬▬ ▬ ▬▬▬ ▬▬ ▬▬▬▬ ▬▬▬ ▬ ▬▬ ▬▬▬ ▬▬▬▬ ▬▬ ▬▬▬ ▬ ▬▬▬▬ ▬▬ ▬▬▬ ▬ ▬▬ ▬▬▬▬ ▬▬▬ ▬▬ ▬ ▬▬▬ ▬▬▬▬ ▬▬ ▬▬▬ ▬ ▬▬ ▬▬▬▬ ▬▬▬ ▬ ▬▬ ▬▬▬▬ ▬▬▬ ▬▬ ▬ ▬▬▬▬ ▬▬ ▬▬▬ ▬ ▬▬ ▬▬▬▬ ▬▬▬ ▬▬ ▬ ▬▬▬ ▬▬▬▬ ▬▬ ▬ ▬▬▬ ▬▬ ▬▬▬▬ ▬▬▬ ▬ ▬▬ ▬▬▬ ▬▬▬▬ ▬▬ ▬ ▬▬▬
Unterricht
▬▬ ▬▬▬ ▬ ▬▬▬▬ ▬▬ ▬▬▬ ▬▬ ▬ ▬▬▬▬ ▬▬▬ ▬▬ ▬▬▬ ▬ ▬▬ ▬▬▬▬ ▬▬ ▬ ▬▬▬ ▬▬▬▬ ▬ ▬▬ ▬▬▬ ▬▬ ▬▬▬▬ ▬ ▬▬▬ ▬▬ ▬▬▬ ▬▬▬▬ ▬▬ ▬ ▬▬▬ ▬▬ ▬▬▬▬ ▬ ▬▬ ▬▬▬ ▬▬ ▬▬▬ ▬▬▬▬ ▬ ▬▬ ▬▬▬ ▬▬ ▬▬▬▬ ▬ ▬▬▬ ▬▬ ▬▬▬ ▬▬ ▬▬▬▬ ▬ ▬▬ ▬▬▬ ▬▬▬▬ ▬▬ ▬ ▬▬▬ ▬▬ ▬▬▬▬ ▬▬▬ ▬ ▬▬ ▬▬▬ ▬▬▬▬ ▬▬ ▬ ▬▬▬ ▬▬ ▬▬▬▬ ▬▬▬ ▬ ▬▬ ▬▬▬ ▬▬▬▬ ▬▬ ▬▬▬ ▬ ▬▬▬▬ ▬▬ ▬▬▬ ▬ ▬▬ ▬▬▬▬ ▬▬▬ ▬▬ ▬ ▬▬▬ ▬▬▬▬ ▬▬ ▬▬▬ ▬ ▬▬ ▬▬▬▬ ▬▬▬ ▬ ▬▬ ▬▬▬▬ ▬▬▬ ▬▬ ▬ ▬▬▬▬ ▬▬ ▬▬▬ ▬ ▬▬ ▬▬▬▬ ▬▬▬ ▬▬ ▬ ▬▬▬ ▬▬▬▬ ▬▬ ▬ ▬▬▬ ▬▬ ▬▬▬▬ ▬▬▬ ▬ ▬▬ ▬▬▬ ▬▬▬▬ ▬▬ ▬ ▬▬▬
Heirat.
▬▬ ▬▬▬ ▬ ▬▬▬▬ ▬▬ ▬▬▬ ▬▬ ▬ ▬▬▬▬ ▬▬▬ ▬▬ ▬▬▬ ▬ ▬▬ ▬▬▬▬ ▬▬ ▬ ▬▬▬ ▬▬▬▬ ▬ ▬▬ ▬▬▬ ▬▬ ▬▬▬▬ ▬ ▬▬▬ ▬▬ ▬▬▬ ▬▬▬▬ ▬▬ ▬ ▬▬▬ ▬▬ ▬▬▬▬ ▬ ▬▬ ▬▬▬ ▬▬ ▬▬▬ ▬▬▬▬ ▬ ▬▬ ▬▬▬ ▬▬ ▬▬▬▬ ▬ ▬▬▬ ▬▬ ▬▬▬ ▬▬ ▬▬▬▬ ▬ ▬▬ ▬▬▬ ▬▬▬▬ ▬▬ ▬ ▬▬▬ ▬▬ ▬▬▬▬ ▬▬▬ ▬ ▬▬ ▬▬▬ ▬▬▬▬ ▬▬ ▬ ▬▬▬ ▬▬ ▬▬▬▬ ▬▬▬ ▬ ▬▬ ▬▬▬ ▬▬▬▬ ▬▬ ▬▬▬ ▬ ▬▬▬▬ ▬▬ ▬▬▬ ▬ ▬▬ ▬▬▬▬ ▬▬▬ ▬▬ ▬ ▬▬▬ ▬▬▬▬ ▬▬ ▬▬▬ ▬ ▬▬ ▬▬▬▬ ▬▬▬ ▬ ▬▬ ▬▬▬▬ ▬▬▬ ▬▬ ▬ ▬▬▬▬ ▬▬ ▬▬▬ ▬ ▬▬ ▬▬▬▬ ▬▬▬ ▬▬ ▬ ▬▬▬ ▬▬▬▬ ▬▬ ▬ ▬▬▬ ▬▬ ▬▬▬▬ ▬▬▬ ▬ ▬▬ ▬▬▬ ▬▬▬▬ ▬▬ ▬ ▬▬▬
Stenographie
▬▬ ▬▬▬ ▬ ▬▬▬▬ ▬▬ ▬▬▬ ▬▬ ▬ ▬▬▬▬ ▬▬▬ ▬▬ ▬▬▬ ▬ ▬▬ ▬▬▬▬ ▬▬ ▬ ▬▬▬ ▬▬▬▬ ▬ ▬▬ ▬▬▬ ▬▬ ▬▬▬▬ ▬ ▬▬▬ ▬▬ ▬▬▬ ▬▬▬▬ ▬▬ ▬ ▬▬▬ ▬▬ ▬▬▬▬ ▬ ▬▬ ▬▬▬ ▬▬ ▬▬▬ ▬▬▬▬ ▬ ▬▬ ▬▬▬ ▬▬ ▬▬▬▬ ▬ ▬▬▬ ▬▬ ▬▬▬ ▬▬ ▬▬▬▬ ▬ ▬▬ ▬▬▬ ▬▬▬▬ ▬▬ ▬ ▬▬▬ ▬▬ ▬▬▬▬ ▬▬▬ ▬ ▬▬ ▬▬▬ ▬▬▬▬ ▬▬ ▬ ▬▬▬ ▬▬ ▬▬▬▬ ▬▬▬ ▬ ▬▬ ▬▬▬ ▬▬▬▬ ▬▬ ▬▬▬ ▬ ▬▬▬▬ ▬▬ ▬▬▬ ▬ ▬▬ ▬▬▬▬ ▬▬▬ ▬▬ ▬ ▬▬▬ ▬▬▬▬ ▬▬ ▬▬▬ ▬ ▬▬ ▬▬▬▬ ▬▬▬ ▬ ▬▬ ▬▬▬▬ ▬▬▬ ▬▬ ▬ ▬▬▬▬ ▬▬ ▬▬▬ ▬ ▬▬ ▬▬▬▬ ▬▬▬ ▬▬ ▬ ▬▬▬ ▬▬▬▬ ▬▬ ▬ ▬▬▬ ▬▬ ▬▬▬▬ ▬▬▬ ▬ ▬▬ ▬▬▬ ▬▬▬▬ ▬▬ ▬ ▬▬▬
Jagdhund „Treff"
▬▬ ▬▬▬ ▬ ▬▬▬▬ ▬▬ ▬▬▬ ▬▬ ▬ ▬▬▬▬ ▬▬▬ ▬▬ ▬▬▬ ▬ ▬▬ ▬▬▬▬ ▬▬ ▬ ▬▬▬ ▬▬▬▬ ▬ ▬▬ ▬▬▬ ▬▬ ▬▬▬▬ ▬ ▬▬▬ ▬▬ ▬▬▬ ▬▬▬▬ ▬▬ ▬ ▬▬▬ ▬▬ ▬▬▬▬ ▬ ▬▬ ▬▬▬ ▬▬ ▬▬▬ ▬▬▬▬ ▬ ▬▬ ▬▬▬ ▬▬ ▬▬▬▬ ▬ ▬▬▬ ▬▬ ▬▬▬ ▬▬ ▬▬▬▬ ▬ ▬▬ ▬▬▬ ▬▬▬▬ ▬▬ ▬ ▬▬▬ ▬▬ ▬▬▬▬ ▬▬▬ ▬ ▬▬ ▬▬▬ ▬▬▬▬ ▬▬ ▬ ▬▬▬ ▬▬ ▬▬▬▬ ▬▬▬ ▬ ▬▬ ▬▬▬ ▬▬▬▬ ▬▬ ▬▬▬ ▬ ▬▬▬▬ ▬▬ ▬▬▬ ▬ ▬▬ ▬▬▬▬ ▬▬▬ ▬▬ ▬ ▬▬▬ ▬▬▬▬ ▬▬ ▬▬▬ ▬ ▬▬ ▬▬▬▬ ▬▬▬ ▬ ▬▬ ▬▬▬▬ ▬▬▬ ▬▬ ▬ ▬▬▬▬ ▬▬ ▬▬▬ ▬ ▬▬ ▬▬▬▬ ▬▬▬ ▬▬ ▬ ▬▬▬ ▬▬▬▬ ▬▬ ▬ ▬▬▬ ▬▬ ▬▬▬▬ ▬▬▬ ▬ ▬▬ ▬▬▬ ▬▬▬▬ ▬▬ ▬ ▬▬▬
Vermischtes
Bekanntmachung
▬▬ ▬▬▬ ▬ ▬▬▬▬ ▬▬ ▬▬▬ ▬▬ ▬ ▬▬▬▬ ▬▬▬ ▬▬ ▬▬▬ ▬ ▬▬ ▬▬▬▬ ▬▬ ▬ ▬▬▬ ▬▬▬▬ ▬ ▬▬ ▬▬▬ ▬▬ ▬▬▬▬ ▬ ▬▬▬ ▬▬ ▬▬▬ ▬▬▬▬ ▬▬ ▬ ▬▬▬ ▬▬ ▬▬▬▬ ▬ ▬▬ ▬▬▬ ▬▬ ▬▬▬ ▬▬▬▬ ▬ ▬▬ ▬▬▬ ▬▬ ▬▬▬▬ ▬ ▬▬▬ ▬▬ ▬▬▬ ▬▬ ▬▬▬▬ ▬ ▬▬ ▬▬▬ ▬▬▬▬ ▬▬ ▬ ▬▬▬ ▬▬ ▬▬▬▬ ▬▬▬ ▬ ▬▬ ▬▬▬ ▬▬▬▬ ▬▬ ▬ ▬▬▬ ▬▬ ▬▬▬▬ ▬▬▬ ▬ ▬▬ ▬▬▬ ▬▬▬▬ ▬▬ ▬▬▬ ▬ ▬▬▬▬ ▬▬ ▬▬▬ ▬ ▬▬ ▬▬▬▬ ▬▬▬ ▬▬ ▬ ▬▬▬ ▬▬▬▬ ▬▬ ▬▬▬ ▬ ▬▬ ▬▬▬▬ ▬▬▬ ▬ ▬▬ ▬▬▬▬ ▬▬▬ ▬▬ ▬ ▬▬▬▬ ▬▬ ▬▬▬ ▬ ▬▬ ▬▬▬▬ ▬▬▬ ▬▬ ▬ ▬▬▬ ▬▬▬▬ ▬▬ ▬ ▬▬▬ ▬▬ ▬▬▬▬ ▬▬▬ ▬ ▬▬ ▬▬▬ ▬▬▬▬ ▬▬ ▬ ▬▬▬
Große
Versteigerung,
▬▬ ▬▬▬ ▬ ▬▬▬▬ ▬▬ ▬▬▬ ▬▬ ▬ ▬▬▬▬ ▬▬▬ ▬▬ ▬▬▬ ▬ ▬▬ ▬▬▬▬ ▬▬ ▬ ▬▬▬ ▬▬▬▬ ▬ ▬▬ ▬▬▬ ▬▬ ▬▬▬▬ ▬ ▬▬▬ ▬▬ ▬▬▬ ▬▬▬▬ ▬▬ ▬ ▬▬▬ ▬▬ ▬▬▬▬ ▬ ▬▬ ▬▬▬ ▬▬ ▬▬▬ ▬▬▬▬ ▬ ▬▬ ▬▬▬ ▬▬ ▬▬▬▬ ▬ ▬▬▬ ▬▬ ▬▬▬ ▬▬ ▬▬▬▬ ▬ ▬▬ ▬▬▬ ▬▬▬▬ ▬▬ ▬ ▬▬▬ ▬▬ ▬▬▬▬ ▬▬▬ ▬ ▬▬ ▬▬▬ ▬▬▬▬ ▬▬ ▬ ▬▬▬ ▬▬ ▬▬▬▬ ▬▬▬ ▬ ▬▬ ▬▬▬ ▬▬▬▬ ▬▬ ▬▬▬ ▬ ▬▬▬▬ ▬▬ ▬▬▬ ▬ ▬▬ ▬▬▬▬ ▬▬▬ ▬▬ ▬ ▬▬▬ ▬▬▬▬ ▬▬ ▬▬▬ ▬ ▬▬ ▬▬▬▬ ▬▬▬ ▬ ▬▬ ▬▬▬▬ ▬▬▬ ▬▬ ▬ ▬▬▬▬ ▬▬ ▬▬▬ ▬ ▬▬ ▬▬▬▬ ▬▬▬ ▬▬ ▬ ▬▬▬ ▬▬▬▬ ▬▬ ▬ ▬▬▬ ▬▬ ▬▬▬▬ ▬▬▬ ▬ ▬▬ ▬▬▬ ▬▬▬▬ ▬▬ ▬ ▬▬▬
in der Kaserne, Guttenthor
▬▬ ▬▬▬ ▬ ▬▬▬▬ ▬▬ ▬▬▬ ▬▬ ▬ ▬▬▬▬ ▬▬▬ ▬▬ ▬▬▬ ▬ ▬▬ ▬▬▬▬ ▬▬ ▬ ▬▬▬ ▬▬▬▬ ▬ ▬▬ ▬▬▬ ▬▬ ▬▬▬▬ ▬ ▬▬▬ ▬▬ ▬▬▬ ▬▬▬▬ ▬▬ ▬ ▬▬▬ ▬▬ ▬▬▬▬ ▬ ▬▬ ▬▬▬ ▬▬ ▬▬▬ ▬▬▬▬ ▬ ▬▬ ▬▬▬ ▬▬ ▬▬▬▬ ▬ ▬▬▬ ▬▬ ▬▬▬ ▬▬ ▬▬▬▬ ▬ ▬▬ ▬▬▬ ▬▬▬▬ ▬▬ ▬ ▬▬▬ ▬▬ ▬▬▬▬ ▬▬▬ ▬ ▬▬ ▬▬▬ ▬▬▬▬ ▬▬ ▬ ▬▬▬ ▬▬ ▬▬▬▬ ▬▬▬ ▬ ▬▬ ▬▬▬ ▬▬▬▬ ▬▬ ▬▬▬ ▬ ▬▬▬▬ ▬▬ ▬▬▬ ▬ ▬▬ ▬▬▬▬ ▬▬▬ ▬▬ ▬ ▬▬▬ ▬▬▬▬ ▬▬ ▬▬▬ ▬ ▬▬ ▬▬▬▬ ▬▬▬ ▬ ▬▬ ▬▬▬▬ ▬▬▬ ▬▬ ▬ ▬▬▬▬ ▬▬ ▬▬▬ ▬ ▬▬ ▬▬▬▬ ▬▬▬ ▬▬ ▬ ▬▬▬ ▬▬▬▬ ▬▬ ▬ ▬▬▬ ▬▬ ▬▬▬▬ ▬▬▬ ▬ ▬▬ ▬▬▬ ▬▬▬▬ ▬▬ ▬ ▬▬▬
in der Kantine des 2. Nassauischen
▬▬ ▬▬▬ ▬ ▬▬▬▬ ▬▬ ▬▬▬ ▬▬ ▬ ▬▬▬▬ ▬▬▬ ▬▬ ▬▬▬ ▬ ▬▬ ▬▬▬▬ ▬▬ ▬ ▬▬▬ ▬▬▬▬ ▬ ▬▬ ▬▬▬ ▬▬ ▬▬▬▬ ▬ ▬▬▬ ▬▬ ▬▬▬ ▬▬▬▬ ▬▬ ▬ ▬▬▬ ▬▬ ▬▬▬▬ ▬ ▬▬ ▬▬▬ ▬▬ ▬▬▬ ▬▬▬▬ ▬ ▬▬ ▬▬▬ ▬▬ ▬▬▬▬ ▬ ▬▬▬ ▬▬ ▬▬▬ ▬▬ ▬▬▬▬ ▬ ▬▬ ▬▬▬ ▬▬▬▬ ▬▬ ▬ ▬▬▬ ▬▬ ▬▬▬▬ ▬▬▬ ▬ ▬▬ ▬▬▬ ▬▬▬▬ ▬▬ ▬ ▬▬▬ ▬▬ ▬▬▬▬ ▬▬▬ ▬ ▬▬ ▬▬▬ ▬▬▬▬ ▬▬ ▬▬▬ ▬ ▬▬▬▬ ▬▬ ▬▬▬ ▬ ▬▬ ▬▬▬▬ ▬▬▬ ▬▬ ▬ ▬▬▬ ▬▬▬▬ ▬▬ ▬▬▬ ▬ ▬▬ ▬▬▬▬ ▬▬▬ ▬ ▬▬ ▬▬▬▬ ▬▬▬ ▬▬ ▬ ▬▬▬▬ ▬▬ ▬▬▬ ▬ ▬▬ ▬▬▬▬ ▬▬▬ ▬▬ ▬ ▬▬▬ ▬▬▬▬ ▬▬ ▬ ▬▬▬ ▬▬ ▬▬▬▬ ▬▬▬ ▬ ▬▬ ▬▬▬ ▬▬▬▬ ▬▬ ▬ ▬▬▬
ferner Montag mittag Punkt 11 Uhr
▬▬ ▬▬▬ ▬ ▬▬▬▬ ▬▬ ▬▬▬ ▬▬ ▬ ▬▬▬▬ ▬▬▬ ▬▬ ▬▬▬ ▬ ▬▬ ▬▬▬▬ ▬▬ ▬ ▬▬▬ ▬▬▬▬ ▬ ▬▬ ▬▬▬ ▬▬ ▬▬▬▬ ▬ ▬▬▬ ▬▬ ▬▬▬ ▬▬▬▬ ▬▬ ▬ ▬▬▬ ▬▬ ▬▬▬▬ ▬ ▬▬ ▬▬▬ ▬▬ ▬▬▬ ▬▬▬▬ ▬ ▬▬ ▬▬▬ ▬▬ ▬▬▬▬ ▬ ▬▬▬ ▬▬ ▬▬▬ ▬▬ ▬▬▬▬ ▬ ▬▬ ▬▬▬ ▬▬▬▬ ▬▬ ▬ ▬▬▬ ▬▬ ▬▬▬▬ ▬▬▬ ▬ ▬▬ ▬▬▬ ▬▬▬▬ ▬▬ ▬ ▬▬▬ ▬▬ ▬▬▬▬ ▬▬▬ ▬ ▬▬ ▬▬▬ ▬▬▬▬ ▬▬ ▬▬▬ ▬ ▬▬▬▬ ▬▬ ▬▬▬ ▬ ▬▬ ▬▬▬▬ ▬▬▬ ▬▬ ▬ ▬▬▬ ▬▬▬▬ ▬▬ ▬▬▬ ▬ ▬▬ ▬▬▬▬ ▬▬▬ ▬ ▬▬ ▬▬▬▬ ▬▬▬ ▬▬ ▬ ▬▬▬▬ ▬▬ ▬▬▬ ▬ ▬▬ ▬▬▬▬ ▬▬▬ ▬▬ ▬ ▬▬▬ ▬▬▬▬ ▬▬ ▬ ▬▬▬ ▬▬ ▬▬▬▬ ▬▬▬ ▬ ▬▬ ▬▬▬ ▬▬▬▬ ▬▬ ▬ ▬▬▬
Emil Neuhof
Versteigerung.
▬▬ ▬▬▬ ▬ ▬▬▬▬ ▬▬ ▬▬▬ ▬▬ ▬ ▬▬▬▬ ▬▬▬ ▬▬ ▬▬▬ ▬ ▬▬ ▬▬▬▬ ▬▬ ▬ ▬▬▬ ▬▬▬▬ ▬ ▬▬ ▬▬▬ ▬▬ ▬▬▬▬ ▬ ▬▬▬ ▬▬ ▬▬▬ ▬▬▬▬ ▬▬ ▬ ▬▬▬ ▬▬ ▬▬▬▬ ▬ ▬▬ ▬▬▬ ▬▬ ▬▬▬ ▬▬▬▬ ▬ ▬▬ ▬▬▬ ▬▬ ▬▬▬▬ ▬ ▬▬▬ ▬▬ ▬▬▬ ▬▬ ▬▬▬▬ ▬ ▬▬ ▬▬▬ ▬▬▬▬ ▬▬ ▬ ▬▬▬ ▬▬ ▬▬▬▬ ▬▬▬ ▬ ▬▬ ▬▬▬ ▬▬▬▬ ▬▬ ▬ ▬▬▬ ▬▬ ▬▬▬▬ ▬▬▬ ▬ ▬▬ ▬▬▬ ▬▬▬▬ ▬▬ ▬▬▬ ▬ ▬▬▬▬ ▬▬ ▬▬▬ ▬ ▬▬ ▬▬▬▬ ▬▬▬ ▬▬ ▬ ▬▬▬ ▬▬▬▬ ▬▬ ▬▬▬ ▬ ▬▬ ▬▬▬▬ ▬▬▬ ▬ ▬▬ ▬▬▬▬ ▬▬▬ ▬▬ ▬ ▬▬▬▬ ▬▬ ▬▬▬ ▬ ▬▬ ▬▬▬▬ ▬▬▬ ▬▬ ▬ ▬▬▬ ▬▬▬▬ ▬▬ ▬ ▬▬▬ ▬▬ ▬▬▬▬ ▬▬▬ ▬ ▬▬ ▬▬▬ ▬▬▬▬ ▬▬ ▬ ▬▬▬
1 Waggon gelbe Rüben, ca. 2000 Pfd.
Dienstgebäude
▬▬ ▬▬▬ ▬ ▬▬▬▬ ▬▬ ▬▬▬ ▬▬ ▬ ▬▬▬▬ ▬▬▬ ▬▬ ▬▬▬ ▬ ▬▬ ▬▬▬▬ ▬▬ ▬ ▬▬▬ ▬▬▬▬ ▬ ▬▬ ▬▬▬ ▬▬ ▬▬▬▬ ▬ ▬▬▬ ▬▬ ▬▬▬ ▬▬▬▬ ▬▬ ▬ ▬▬▬ ▬▬ ▬▬▬▬ ▬ ▬▬ ▬▬▬ ▬▬ ▬▬▬ ▬▬▬▬ ▬ ▬▬ ▬▬▬ ▬▬ ▬▬▬▬ ▬ ▬▬▬ ▬▬ ▬▬▬ ▬▬ ▬▬▬▬ ▬ ▬▬ ▬▬▬ ▬▬▬▬ ▬▬ ▬ ▬▬▬ ▬▬ ▬▬▬▬ ▬▬▬ ▬ ▬▬ ▬▬▬ ▬▬▬▬ ▬▬ ▬ ▬▬▬ ▬▬ ▬▬▬▬ ▬▬▬ ▬ ▬▬ ▬▬▬ ▬▬▬▬ ▬▬ ▬▬▬ ▬ ▬▬▬▬ ▬▬ ▬▬▬ ▬ ▬▬ ▬▬▬▬ ▬▬▬ ▬▬ ▬ ▬▬▬ ▬▬▬▬ ▬▬ ▬▬▬ ▬ ▬▬ ▬▬▬▬ ▬▬▬ ▬ ▬▬ ▬▬▬▬ ▬▬▬ ▬▬ ▬ ▬▬▬▬ ▬▬ ▬▬▬ ▬ ▬▬ ▬▬▬▬ ▬▬▬ ▬▬ ▬ ▬▬▬ ▬▬▬▬ ▬▬ ▬ ▬▬▬ ▬▬ ▬▬▬▬ ▬▬▬ ▬ ▬▬ ▬▬▬ ▬▬▬▬ ▬▬ ▬ ▬▬▬
Montag, den 2. Dezember 1918,
▬▬ ▬▬▬ ▬ ▬▬▬▬ ▬▬ ▬▬▬ ▬▬ ▬ ▬▬▬▬ ▬▬▬ ▬▬ ▬▬▬ ▬ ▬▬ ▬▬▬▬ ▬▬ ▬ ▬▬▬ ▬▬▬▬ ▬ ▬▬ ▬▬▬ ▬▬ ▬▬▬▬ ▬ ▬▬▬ ▬▬ ▬▬▬ ▬▬▬▬ ▬▬ ▬ ▬▬▬ ▬▬ ▬▬▬▬ ▬ ▬▬ ▬▬▬ ▬▬ ▬▬▬ ▬▬▬▬ ▬ ▬▬ ▬▬▬ ▬▬ ▬▬▬▬ ▬ ▬▬▬ ▬▬ ▬▬▬ ▬▬ ▬▬▬▬ ▬ ▬▬ ▬▬▬ ▬▬▬▬ ▬▬ ▬ ▬▬▬ ▬▬ ▬▬▬▬ ▬▬▬ ▬ ▬▬ ▬▬▬ ▬▬▬▬ ▬▬ ▬ ▬▬▬ ▬▬ ▬▬▬▬ ▬▬▬ ▬ ▬▬ ▬▬▬ ▬▬▬▬ ▬▬ ▬▬▬ ▬ ▬▬▬▬ ▬▬ ▬▬▬ ▬ ▬▬ ▬▬▬▬ ▬▬▬ ▬▬ ▬ ▬▬▬ ▬▬▬▬ ▬▬ ▬▬▬ ▬ ▬▬ ▬▬▬▬ ▬▬▬ ▬ ▬▬ ▬▬▬▬ ▬▬▬ ▬▬ ▬ ▬▬▬▬ ▬▬ ▬▬▬ ▬ ▬▬ ▬▬▬▬ ▬▬▬ ▬▬ ▬ ▬▬▬ ▬▬▬▬ ▬▬ ▬ ▬▬▬ ▬▬ ▬▬▬▬ ▬▬▬ ▬ ▬▬ ▬▬▬ ▬▬▬▬ ▬▬ ▬ ▬▬▬
Bekanntmachung.
▬▬ ▬▬▬ ▬ ▬▬▬▬ ▬▬ ▬▬▬ ▬▬ ▬ ▬▬▬▬ ▬▬▬ ▬▬ ▬▬▬ ▬ ▬▬ ▬▬▬▬ ▬▬ ▬ ▬▬▬ ▬▬▬▬ ▬ ▬▬ ▬▬▬ ▬▬ ▬▬▬▬ ▬ ▬▬▬ ▬▬ ▬▬▬ ▬▬▬▬ ▬▬ ▬ ▬▬▬ ▬▬ ▬▬▬▬ ▬ ▬▬ ▬▬▬ ▬▬ ▬▬▬ ▬▬▬▬ ▬ ▬▬ ▬▬▬ ▬▬ ▬▬▬▬ ▬ ▬▬▬ ▬▬ ▬▬▬ ▬▬ ▬▬▬▬ ▬ ▬▬ ▬▬▬ ▬▬▬▬ ▬▬ ▬ ▬▬▬ ▬▬ ▬▬▬▬ ▬▬▬ ▬ ▬▬ ▬▬▬ ▬▬▬▬ ▬▬ ▬ ▬▬▬ ▬▬ ▬▬▬▬ ▬▬▬ ▬ ▬▬ ▬▬▬ ▬▬▬▬ ▬▬ ▬▬▬ ▬ ▬▬▬▬ ▬▬ ▬▬▬ ▬ ▬▬ ▬▬▬▬ ▬▬▬ ▬▬ ▬ ▬▬▬ ▬▬▬▬ ▬▬ ▬▬▬ ▬ ▬▬ ▬▬▬▬ ▬▬▬ ▬ ▬▬ ▬▬▬▬ ▬▬▬ ▬▬ ▬ ▬▬▬▬ ▬▬ ▬▬▬ ▬ ▬▬ ▬▬▬▬ ▬▬▬ ▬▬ ▬ ▬▬▬ ▬▬▬▬ ▬▬ ▬ ▬▬▬ ▬▬ ▬▬▬▬ ▬▬▬ ▬ ▬▬ ▬▬▬ ▬▬▬▬ ▬▬ ▬ ▬▬▬
▬▬ ▬▬▬ ▬ ▬▬▬▬ ▬▬ ▬▬▬ ▬▬ ▬ ▬▬▬▬ ▬▬▬ ▬▬ ▬▬▬ ▬ ▬▬ ▬▬▬▬ ▬▬ ▬ ▬▬▬ ▬▬▬▬ ▬ ▬▬ ▬▬▬ ▬▬ ▬▬▬▬ ▬ ▬▬▬ ▬▬ ▬▬▬ ▬▬▬▬ ▬▬ ▬ ▬▬▬ ▬▬ ▬▬▬▬ ▬ ▬▬ ▬▬▬ ▬▬ ▬▬▬ ▬▬▬▬ ▬ ▬▬ ▬▬▬ ▬▬ ▬▬▬▬ ▬ ▬▬▬ ▬▬ ▬▬▬ ▬▬ ▬▬▬▬ ▬ ▬▬ ▬▬▬ ▬▬▬▬ ▬▬ ▬ ▬▬▬ ▬▬ ▬▬▬▬ ▬▬▬ ▬ ▬▬ ▬▬▬ ▬▬▬▬ ▬▬ ▬ ▬▬▬ ▬▬ ▬▬▬▬ ▬▬▬ ▬ ▬▬ ▬▬▬ ▬▬▬▬ ▬▬ ▬▬▬ ▬ ▬▬▬▬ ▬▬ ▬▬▬ ▬ ▬▬ ▬▬▬▬ ▬▬▬ ▬▬ ▬ ▬▬▬ ▬▬▬▬ ▬▬ ▬▬▬ ▬ ▬▬ ▬▬▬▬ ▬▬▬ ▬ ▬▬ ▬▬▬▬ ▬▬▬ ▬▬ ▬ ▬▬▬▬ ▬▬ ▬▬▬ ▬ ▬▬ ▬▬▬▬ ▬▬▬ ▬▬ ▬ ▬▬▬ ▬▬▬▬ ▬▬ ▬ ▬▬▬ ▬▬ ▬▬▬▬ ▬▬▬ ▬ ▬▬ ▬▬▬ ▬▬▬▬ ▬▬ ▬ ▬▬▬
Gutschein
für Abonnenten
gültig bis zum 1. Januar.
▬▬ ▬▬▬ ▬ ▬▬▬▬ ▬▬ ▬▬▬ ▬▬ ▬ ▬▬▬▬ ▬▬▬ ▬▬ ▬▬▬ ▬ ▬▬ ▬▬▬▬ ▬▬ ▬ ▬▬▬ ▬▬▬▬ ▬ ▬▬ ▬▬▬ ▬▬ ▬▬▬▬ ▬ ▬▬▬ ▬▬ ▬▬▬ ▬▬▬▬ ▬▬ ▬ ▬▬▬ ▬▬ ▬▬▬▬ ▬ ▬▬ ▬▬▬ ▬▬ ▬▬▬ ▬▬▬▬ ▬ ▬▬ ▬▬▬ ▬▬ ▬▬▬▬ ▬ ▬▬▬ ▬▬ ▬▬▬ ▬▬ ▬▬▬▬ ▬ ▬▬ ▬▬▬ ▬▬▬▬ ▬▬ ▬ ▬▬▬ ▬▬ ▬▬▬▬ ▬▬▬ ▬ ▬▬ ▬▬▬ ▬▬▬▬ ▬▬ ▬ ▬▬▬ ▬▬ ▬▬▬▬ ▬▬▬ ▬ ▬▬ ▬▬▬ ▬▬▬▬ ▬▬ ▬▬▬ ▬ ▬▬▬▬ ▬▬ ▬▬▬ ▬ ▬▬ ▬▬▬▬ ▬▬▬ ▬▬ ▬ ▬▬▬ ▬▬▬▬ ▬▬ ▬▬▬ ▬ ▬▬ ▬▬▬▬ ▬▬▬ ▬ ▬▬ ▬▬▬▬ ▬▬▬ ▬▬ ▬ ▬▬▬▬ ▬▬ ▬▬▬ ▬ ▬▬ ▬▬▬▬ ▬▬▬ ▬▬ ▬ ▬▬▬ ▬▬▬▬ ▬▬ ▬ ▬▬▬ ▬▬ ▬▬▬▬ ▬▬▬ ▬ ▬▬ ▬▬▬ ▬▬▬▬ ▬▬ ▬ ▬▬▬
Fränkischer Kunstdünger
▬▬ ▬▬▬ ▬ ▬▬▬▬ ▬▬ ▬▬▬ ▬▬ ▬ ▬▬▬▬ ▬▬▬ ▬▬ ▬▬▬ ▬ ▬▬ ▬▬▬▬ ▬▬ ▬ ▬▬▬ ▬▬▬▬ ▬ ▬▬ ▬▬▬ ▬▬ ▬▬▬▬ ▬ ▬▬▬ ▬▬ ▬▬▬ ▬▬▬▬ ▬▬ ▬ ▬▬▬ ▬▬ ▬▬▬▬ ▬ ▬▬ ▬▬▬ ▬▬ ▬▬▬ ▬▬▬▬ ▬ ▬▬ ▬▬▬ ▬▬ ▬▬▬▬ ▬ ▬▬▬ ▬▬ ▬▬▬ ▬▬ ▬▬▬▬ ▬ ▬▬ ▬▬▬ ▬▬▬▬ ▬▬ ▬ ▬▬▬ ▬▬ ▬▬▬▬ ▬▬▬ ▬ ▬▬ ▬▬▬ ▬▬▬▬ ▬▬ ▬ ▬▬▬ ▬▬ ▬▬▬▬ ▬▬▬ ▬ ▬▬ ▬▬▬ ▬▬▬▬ ▬▬ ▬▬▬ ▬ ▬▬▬▬ ▬▬ ▬▬▬ ▬ ▬▬ ▬▬▬▬ ▬▬▬ ▬▬ ▬ ▬▬▬ ▬▬▬▬ ▬▬ ▬▬▬ ▬ ▬▬ ▬▬▬▬ ▬▬▬ ▬ ▬▬ ▬▬▬▬ ▬▬▬ ▬▬ ▬ ▬▬▬▬ ▬▬ ▬▬▬ ▬ ▬▬ ▬▬▬▬ ▬▬▬ ▬▬ ▬ ▬▬▬ ▬▬▬▬ ▬▬ ▬ ▬▬▬ ▬▬ ▬▬▬▬ ▬▬▬ ▬ ▬▬ ▬▬▬ ▬▬▬▬ ▬▬ ▬ ▬▬▬
Vorläufig der Anzeigen
